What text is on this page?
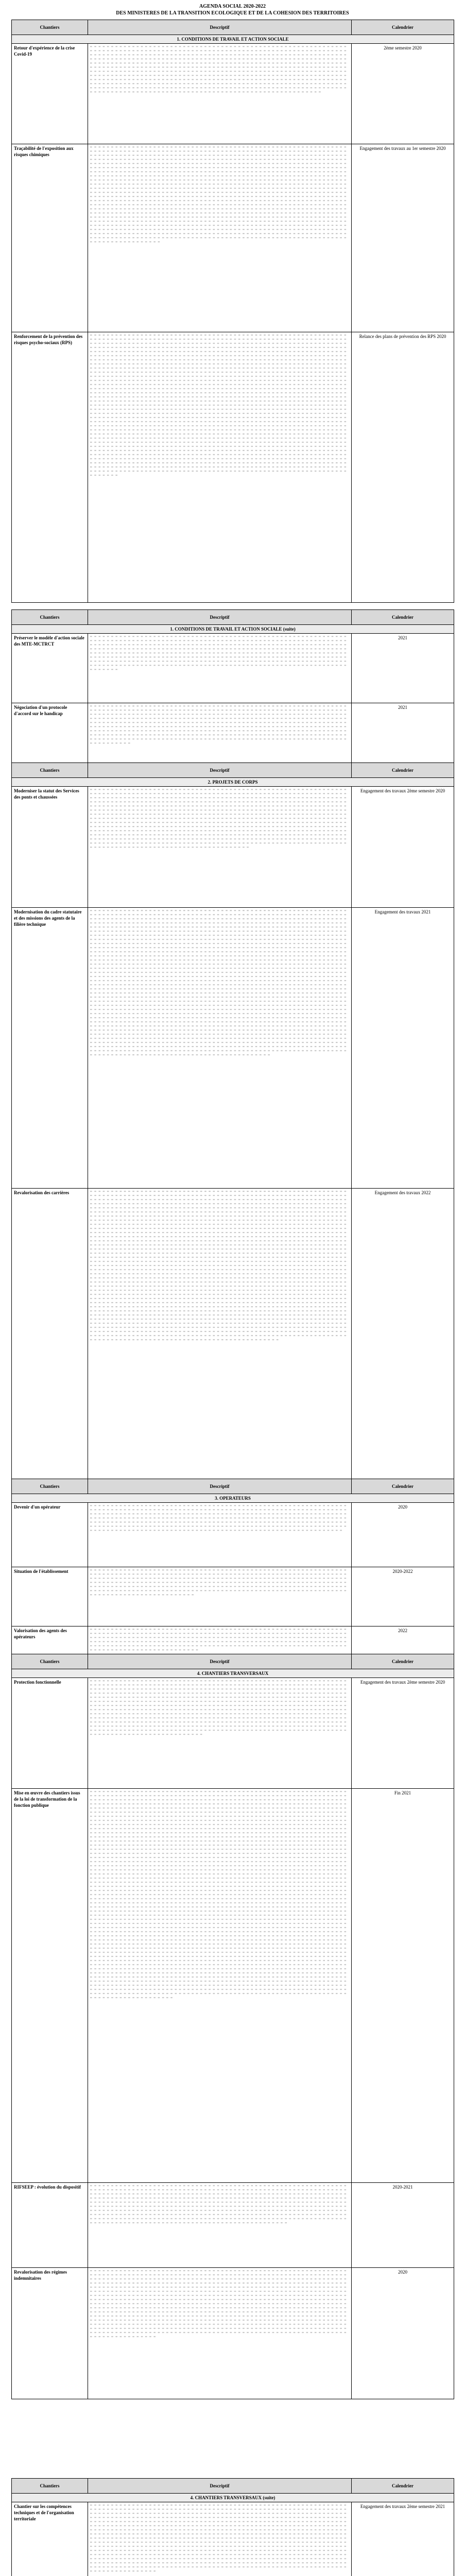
AGENDA SOCIAL 2020-2022
DES MINISTERES DE LA TRANSITION ECOLOGIQUE ET DE LA COHESION DES TERRITOIRES
Chantiers	Descriptif	Calendrier
1. CONDITIONS DE TRAVAIL ET ACTION SOCIALE		
Retour d'expérience de la crise Covid-19	▬ ▬ ▬ ▬ ▬ ▬ ▬ ▬ ▬ ▬ ▬ ▬ ▬ ▬ ▬ ▬ ▬ ▬ ▬ ▬ ▬ ▬ ▬ ▬ ▬ ▬ ▬ ▬ ▬ ▬ ▬ ▬ ▬ ▬ ▬ ▬ ▬ ▬ ▬ ▬ ▬ ▬ ▬ ▬ ▬ ▬ ▬ ▬ ▬ ▬ ▬ ▬ ▬ ▬ ▬ ▬ ▬ ▬ ▬ ▬ ▬ ▬ ▬ ▬ ▬ ▬ ▬ ▬ ▬ ▬ ▬ ▬ ▬ ▬ ▬ ▬ ▬ ▬ ▬ ▬ ▬ ▬ ▬ ▬ ▬ ▬ ▬ ▬ ▬ ▬ ▬ ▬ ▬ ▬ ▬ ▬ ▬ ▬ ▬ ▬ ▬ ▬ ▬ ▬ ▬ ▬ ▬ ▬ ▬ ▬ ▬ ▬ ▬ ▬ ▬ ▬ ▬ ▬ ▬ ▬ ▬ ▬ ▬ ▬ ▬ ▬ ▬ ▬ ▬ ▬ ▬ ▬ ▬ ▬ ▬ ▬ ▬ ▬ ▬ ▬ ▬ ▬ ▬ ▬ ▬ ▬ ▬ ▬ ▬ ▬ ▬ ▬ ▬ ▬ ▬ ▬ ▬ ▬ ▬ ▬ ▬ ▬ ▬ ▬ ▬ ▬ ▬ ▬ ▬ ▬ ▬ ▬ ▬ ▬ ▬ ▬ ▬ ▬ ▬ ▬ ▬ ▬ ▬ ▬ ▬ ▬ ▬ ▬ ▬ ▬ ▬ ▬ ▬ ▬ ▬ ▬ ▬ ▬ ▬ ▬ ▬ ▬ ▬ ▬ ▬ ▬ ▬ ▬ ▬ ▬ ▬ ▬ ▬ ▬ ▬ ▬ ▬ ▬ ▬ ▬ ▬ ▬ ▬ ▬ ▬ ▬ ▬ ▬ ▬ ▬ ▬ ▬ ▬ ▬ ▬ ▬ ▬ ▬ ▬ ▬ ▬ ▬ ▬ ▬ ▬ ▬ ▬ ▬ ▬ ▬ ▬ ▬ ▬ ▬ ▬ ▬ ▬ ▬ ▬ ▬ ▬ ▬ ▬ ▬ ▬ ▬ ▬ ▬ ▬ ▬ ▬ ▬ ▬ ▬ ▬ ▬ ▬ ▬ ▬ ▬ ▬ ▬ ▬ ▬ ▬ ▬ ▬ ▬ ▬ ▬ ▬ ▬ ▬ ▬ ▬ ▬ ▬ ▬ ▬ ▬ ▬ ▬ ▬ ▬ ▬ ▬ ▬ ▬ ▬ ▬ ▬ ▬ ▬ ▬ ▬ ▬ ▬ ▬ ▬ ▬ ▬ ▬ ▬ ▬ ▬ ▬ ▬ ▬ ▬ ▬ ▬ ▬ ▬ ▬ ▬ ▬ ▬ ▬ ▬ ▬ ▬ ▬ ▬ ▬ ▬ ▬ ▬ ▬ ▬ ▬ ▬ ▬ ▬ ▬ ▬ ▬ ▬ ▬ ▬ ▬ ▬ ▬ ▬ ▬ ▬ ▬ ▬ ▬ ▬ ▬ ▬ ▬ ▬ ▬ ▬ ▬ ▬ ▬ ▬ ▬ ▬ ▬ ▬ ▬ ▬ ▬ ▬ ▬ ▬ ▬ ▬ ▬ ▬ ▬ ▬ ▬ ▬ ▬ ▬ ▬ ▬ ▬ ▬ ▬ ▬ ▬ ▬ ▬ ▬ ▬ ▬ ▬ ▬ ▬ ▬ ▬ ▬ ▬ ▬ ▬ ▬ ▬ ▬ ▬ ▬ ▬ ▬ ▬ ▬ ▬ ▬ ▬ ▬ ▬ ▬ ▬ ▬ ▬ ▬ ▬ ▬ ▬ ▬ ▬ ▬ ▬ ▬ ▬ ▬ ▬ ▬ ▬ ▬ ▬ ▬ ▬ ▬ ▬ ▬ ▬ ▬ ▬ ▬ ▬ ▬ ▬ ▬ ▬ ▬ ▬ ▬ ▬ ▬ ▬ ▬ ▬ ▬ ▬ ▬ ▬ ▬ ▬ ▬ ▬ ▬ ▬ ▬ ▬ ▬ ▬ ▬ ▬ ▬ ▬ ▬ ▬ ▬ ▬ ▬ ▬ ▬ ▬ ▬ ▬ ▬ ▬ ▬ ▬ ▬ ▬ ▬ ▬ ▬ ▬ ▬ ▬ ▬ ▬ ▬ ▬ ▬ ▬ ▬ ▬ ▬ ▬ ▬ ▬ ▬ ▬ ▬ ▬ ▬ ▬ ▬ ▬ ▬ ▬ ▬ ▬ ▬ ▬ ▬ ▬ ▬ ▬ ▬ ▬ ▬ ▬ ▬ ▬ ▬ ▬ ▬ ▬ ▬ ▬ ▬ ▬ ▬ ▬ ▬ ▬ ▬ ▬ ▬ ▬ ▬ ▬ ▬ ▬ ▬ ▬ ▬ ▬ ▬ ▬ ▬ ▬ ▬ ▬ ▬ ▬ ▬ ▬ ▬ ▬ ▬ ▬ ▬ ▬ ▬ ▬ ▬ ▬ ▬ ▬ ▬ ▬ ▬ ▬ ▬ ▬ ▬ ▬ ▬ ▬ ▬ ▬ ▬ ▬ ▬ ▬ ▬ ▬ ▬ ▬ ▬ ▬ ▬ ▬ ▬ ▬ ▬ ▬ ▬ ▬ ▬ ▬ ▬ ▬ ▬ ▬ ▬ ▬ ▬ ▬ ▬ ▬ ▬ ▬ ▬ ▬ ▬ ▬ ▬ ▬ ▬ ▬ ▬ ▬ ▬ ▬ ▬ ▬ ▬ ▬ ▬ ▬ ▬ ▬ ▬ ▬ ▬ ▬ ▬ ▬ ▬ ▬ ▬ ▬ ▬ ▬ ▬ ▬ ▬ ▬ ▬ ▬ ▬ ▬ ▬ ▬ ▬ ▬ ▬ ▬ ▬ ▬ ▬ ▬ ▬ ▬ ▬ ▬ ▬ ▬ ▬ ▬ ▬ ▬ ▬ ▬ ▬ ▬ ▬ ▬ ▬ ▬ ▬ ▬ ▬ ▬ ▬ ▬ ▬ ▬ ▬ ▬ ▬ ▬ ▬ ▬ ▬ ▬	2ème semestre 2020
Traçabilité de l'exposition aux risques chimiques	▬ ▬ ▬ ▬ ▬ ▬ ▬ ▬ ▬ ▬ ▬ ▬ ▬ ▬ ▬ ▬ ▬ ▬ ▬ ▬ ▬ ▬ ▬ ▬ ▬ ▬ ▬ ▬ ▬ ▬ ▬ ▬ ▬ ▬ ▬ ▬ ▬ ▬ ▬ ▬ ▬ ▬ ▬ ▬ ▬ ▬ ▬ ▬ ▬ ▬ ▬ ▬ ▬ ▬ ▬ ▬ ▬ ▬ ▬ ▬ ▬ ▬ ▬ ▬ ▬ ▬ ▬ ▬ ▬ ▬ ▬ ▬ ▬ ▬ ▬ ▬ ▬ ▬ ▬ ▬ ▬ ▬ ▬ ▬ ▬ ▬ ▬ ▬ ▬ ▬ ▬ ▬ ▬ ▬ ▬ ▬ ▬ ▬ ▬ ▬ ▬ ▬ ▬ ▬ ▬ ▬ ▬ ▬ ▬ ▬ ▬ ▬ ▬ ▬ ▬ ▬ ▬ ▬ ▬ ▬ ▬ ▬ ▬ ▬ ▬ ▬ ▬ ▬ ▬ ▬ ▬ ▬ ▬ ▬ ▬ ▬ ▬ ▬ ▬ ▬ ▬ ▬ ▬ ▬ ▬ ▬ ▬ ▬ ▬ ▬ ▬ ▬ ▬ ▬ ▬ ▬ ▬ ▬ ▬ ▬ ▬ ▬ ▬ ▬ ▬ ▬ ▬ ▬ ▬ ▬ ▬ ▬ ▬ ▬ ▬ ▬ ▬ ▬ ▬ ▬ ▬ ▬ ▬ ▬ ▬ ▬ ▬ ▬ ▬ ▬ ▬ ▬ ▬ ▬ ▬ ▬ ▬ ▬ ▬ ▬ ▬ ▬ ▬ ▬ ▬ ▬ ▬ ▬ ▬ ▬ ▬ ▬ ▬ ▬ ▬ ▬ ▬ ▬ ▬ ▬ ▬ ▬ ▬ ▬ ▬ ▬ ▬ ▬ ▬ ▬ ▬ ▬ ▬ ▬ ▬ ▬ ▬ ▬ ▬ ▬ ▬ ▬ ▬ ▬ ▬ ▬ ▬ ▬ ▬ ▬ ▬ ▬ ▬ ▬ ▬ ▬ ▬ ▬ ▬ ▬ ▬ ▬ ▬ ▬ ▬ ▬ ▬ ▬ ▬ ▬ ▬ ▬ ▬ ▬ ▬ ▬ ▬ ▬ ▬ ▬ ▬ ▬ ▬ ▬ ▬ ▬ ▬ ▬ ▬ ▬ ▬ ▬ ▬ ▬ ▬ ▬ ▬ ▬ ▬ ▬ ▬ ▬ ▬ ▬ ▬ ▬ ▬ ▬ ▬ ▬ ▬ ▬ ▬ ▬ ▬ ▬ ▬ ▬ ▬ ▬ ▬ ▬ ▬ ▬ ▬ ▬ ▬ ▬ ▬ ▬ ▬ ▬ ▬ ▬ ▬ ▬ ▬ ▬ ▬ ▬ ▬ ▬ ▬ ▬ ▬ ▬ ▬ ▬ ▬ ▬ ▬ ▬ ▬ ▬ ▬ ▬ ▬ ▬ ▬ ▬ ▬ ▬ ▬ ▬ ▬ ▬ ▬ ▬ ▬ ▬ ▬ ▬ ▬ ▬ ▬ ▬ ▬ ▬ ▬ ▬ ▬ ▬ ▬ ▬ ▬ ▬ ▬ ▬ ▬ ▬ ▬ ▬ ▬ ▬ ▬ ▬ ▬ ▬ ▬ ▬ ▬ ▬ ▬ ▬ ▬ ▬ ▬ ▬ ▬ ▬ ▬ ▬ ▬ ▬ ▬ ▬ ▬ ▬ ▬ ▬ ▬ ▬ ▬ ▬ ▬ ▬ ▬ ▬ ▬ ▬ ▬ ▬ ▬ ▬ ▬ ▬ ▬ ▬ ▬ ▬ ▬ ▬ ▬ ▬ ▬ ▬ ▬ ▬ ▬ ▬ ▬ ▬ ▬ ▬ ▬ ▬ ▬ ▬ ▬ ▬ ▬ ▬ ▬ ▬ ▬ ▬ ▬ ▬ ▬ ▬ ▬ ▬ ▬ ▬ ▬ ▬ ▬ ▬ ▬ ▬ ▬ ▬ ▬ ▬ ▬ ▬ ▬ ▬ ▬ ▬ ▬ ▬ ▬ ▬ ▬ ▬ ▬ ▬ ▬ ▬ ▬ ▬ ▬ ▬ ▬ ▬ ▬ ▬ ▬ ▬ ▬ ▬ ▬ ▬ ▬ ▬ ▬ ▬ ▬ ▬ ▬ ▬ ▬ ▬ ▬ ▬ ▬ ▬ ▬ ▬ ▬ ▬ ▬ ▬ ▬ ▬ ▬ ▬ ▬ ▬ ▬ ▬ ▬ ▬ ▬ ▬ ▬ ▬ ▬ ▬ ▬ ▬ ▬ ▬ ▬ ▬ ▬ ▬ ▬ ▬ ▬ ▬ ▬ ▬ ▬ ▬ ▬ ▬ ▬ ▬ ▬ ▬ ▬ ▬ ▬ ▬ ▬ ▬ ▬ ▬ ▬ ▬ ▬ ▬ ▬ ▬ ▬ ▬ ▬ ▬ ▬ ▬ ▬ ▬ ▬ ▬ ▬ ▬ ▬ ▬ ▬ ▬ ▬ ▬ ▬ ▬ ▬ ▬ ▬ ▬ ▬ ▬ ▬ ▬ ▬ ▬ ▬ ▬ ▬ ▬ ▬ ▬ ▬ ▬ ▬ ▬ ▬ ▬ ▬ ▬ ▬ ▬ ▬ ▬ ▬ ▬ ▬ ▬ ▬ ▬ ▬ ▬ ▬ ▬ ▬ ▬ ▬ ▬ ▬ ▬ ▬ ▬ ▬ ▬ ▬ ▬ ▬ ▬ ▬ ▬ ▬ ▬ ▬ ▬ ▬ ▬ ▬ ▬ ▬ ▬ ▬ ▬ ▬ ▬ ▬ ▬ ▬ ▬ ▬ ▬ ▬ ▬ ▬ ▬ ▬ ▬ ▬ ▬ ▬ ▬ ▬ ▬ ▬ ▬ ▬ ▬ ▬ ▬ ▬ ▬ ▬ ▬ ▬ ▬ ▬ ▬ ▬ ▬ ▬ ▬ ▬ ▬ ▬ ▬ ▬ ▬ ▬ ▬ ▬ ▬ ▬ ▬ ▬ ▬ ▬ ▬ ▬ ▬ ▬ ▬ ▬ ▬ ▬ ▬ ▬ ▬ ▬ ▬ ▬ ▬ ▬ ▬ ▬ ▬ ▬ ▬ ▬ ▬ ▬ ▬ ▬ ▬ ▬ ▬ ▬ ▬ ▬ ▬ ▬ ▬ ▬ ▬ ▬ ▬ ▬ ▬ ▬ ▬ ▬ ▬ ▬ ▬ ▬ ▬ ▬ ▬ ▬ ▬ ▬ ▬ ▬ ▬ ▬ ▬ ▬ ▬ ▬ ▬ ▬ ▬ ▬ ▬ ▬ ▬ ▬ ▬ ▬ ▬ ▬ ▬ ▬ ▬ ▬ ▬ ▬ ▬ ▬ ▬ ▬ ▬ ▬ ▬ ▬ ▬ ▬ ▬ ▬ ▬ ▬ ▬ ▬ ▬ ▬ ▬ ▬ ▬ ▬ ▬ ▬ ▬ ▬ ▬ ▬ ▬ ▬ ▬ ▬ ▬ ▬ ▬ ▬ ▬ ▬ ▬ ▬ ▬ ▬ ▬ ▬ ▬ ▬ ▬ ▬ ▬ ▬ ▬ ▬ ▬ ▬ ▬ ▬ ▬ ▬ ▬ ▬ ▬ ▬ ▬ ▬ ▬ ▬ ▬ ▬ ▬ ▬ ▬ ▬ ▬ ▬ ▬ ▬ ▬ ▬ ▬ ▬ ▬ ▬ ▬ ▬ ▬ ▬ ▬ ▬ ▬ ▬ ▬ ▬ ▬ ▬ ▬ ▬ ▬ ▬ ▬ ▬ ▬ ▬ ▬ ▬ ▬ ▬ ▬ ▬ ▬ ▬ ▬ ▬ ▬ ▬ ▬ ▬ ▬ ▬ ▬ ▬ ▬ ▬ ▬ ▬ ▬ ▬ ▬ ▬ ▬ ▬ ▬ ▬ ▬ ▬ ▬ ▬ ▬ ▬ ▬ ▬ ▬ ▬ ▬ ▬ ▬ ▬ ▬ ▬ ▬ ▬ ▬ ▬ ▬ ▬ ▬ ▬ ▬ ▬ ▬ ▬ ▬ ▬ ▬ ▬ ▬ ▬ ▬ ▬ ▬ ▬ ▬ ▬ ▬ ▬ ▬ ▬ ▬ ▬ ▬ ▬ ▬ ▬ ▬ ▬ ▬ ▬ ▬ ▬ ▬ ▬ ▬ ▬ ▬ ▬ ▬ ▬ ▬ ▬ ▬ ▬ ▬ ▬ ▬ ▬ ▬ ▬ ▬ ▬ ▬ ▬ ▬ ▬ ▬ ▬ ▬ ▬ ▬ ▬ ▬ ▬ ▬ ▬ ▬ ▬ ▬ ▬ ▬ ▬ ▬ ▬ ▬ ▬ ▬ ▬ ▬ ▬ ▬ ▬ ▬ ▬ ▬ ▬ ▬ ▬ ▬ ▬ ▬ ▬ ▬ ▬ ▬ ▬ ▬ ▬ ▬ ▬ ▬ ▬ ▬ ▬ ▬ ▬ ▬ ▬ ▬ ▬ ▬ ▬ ▬ ▬ ▬ ▬ ▬ ▬ ▬ ▬ ▬ ▬ ▬ ▬ ▬ ▬ ▬ ▬ ▬ ▬ ▬ ▬ ▬ ▬ ▬ ▬ ▬ ▬ ▬ ▬ ▬ ▬ ▬ ▬ ▬ ▬ ▬ ▬ ▬ ▬ ▬ ▬ ▬ ▬ ▬ ▬ ▬ ▬ ▬ ▬ ▬ ▬ ▬ ▬ ▬ ▬ ▬ ▬ ▬ ▬ ▬ ▬ ▬ ▬ ▬ ▬ ▬ ▬ ▬ ▬ ▬ ▬ ▬ ▬ ▬ ▬ ▬ ▬ ▬ ▬ ▬ ▬ ▬ ▬ ▬ ▬ ▬ ▬ ▬ ▬ ▬ ▬ ▬ ▬ ▬ ▬ ▬ ▬ ▬ ▬ ▬ ▬ ▬ ▬ ▬ ▬ ▬ ▬ ▬ ▬ ▬ ▬ ▬ ▬ ▬ ▬ ▬ ▬ ▬ ▬ ▬ ▬ ▬ ▬ ▬ ▬ ▬ ▬ ▬ ▬ ▬ ▬ ▬ ▬ ▬ ▬ ▬ ▬ ▬ ▬ ▬ ▬ ▬ ▬ ▬ ▬ ▬ ▬ ▬ ▬ ▬ ▬ ▬ ▬ ▬ ▬ ▬ ▬ ▬ ▬ ▬ ▬ ▬ ▬ ▬ ▬ ▬ ▬ ▬ ▬ ▬ ▬ ▬ ▬ ▬ ▬ ▬ ▬ ▬ ▬ ▬ ▬ ▬ ▬ ▬ ▬ ▬ ▬ ▬ ▬ ▬ ▬ ▬ ▬ ▬ ▬ ▬ ▬ ▬ ▬ ▬ ▬ ▬ ▬ ▬ ▬ ▬ ▬ ▬ ▬ ▬ ▬ ▬ ▬ ▬ ▬ ▬ ▬ ▬ ▬ ▬ ▬ ▬ ▬ ▬ ▬ ▬ ▬ ▬ ▬ ▬ ▬ ▬ ▬ ▬ ▬ ▬ ▬ ▬ ▬ ▬ ▬ ▬ ▬ ▬ ▬ ▬ ▬ ▬ ▬ ▬ ▬ ▬ ▬ ▬ ▬ ▬ ▬ ▬ ▬ ▬ ▬ ▬ ▬ ▬ ▬ ▬ ▬ ▬ ▬ ▬ ▬ ▬ ▬ ▬ ▬ ▬ ▬ ▬ ▬ ▬ ▬ ▬ ▬ ▬ ▬ ▬ ▬ ▬ ▬ ▬ ▬ ▬ ▬ ▬ ▬ ▬ ▬ ▬ ▬ ▬ ▬ ▬ ▬ ▬ ▬ ▬ ▬ ▬ ▬ ▬ ▬ ▬ ▬ ▬ ▬ ▬ ▬ ▬ ▬ ▬ ▬ ▬ ▬ ▬ ▬ ▬ ▬ ▬ ▬ ▬ ▬ ▬ ▬ ▬ ▬ ▬ ▬ ▬ ▬ ▬ ▬ ▬ ▬ ▬ ▬ ▬ ▬ ▬	Engagement des travaux au 1er semestre 2020
Renforcement de la prévention des risques psycho-sociaux (RPS)	▬ ▬ ▬ ▬ ▬ ▬ ▬ ▬ ▬ ▬ ▬ ▬ ▬ ▬ ▬ ▬ ▬ ▬ ▬ ▬ ▬ ▬ ▬ ▬ ▬ ▬ ▬ ▬ ▬ ▬ ▬ ▬ ▬ ▬ ▬ ▬ ▬ ▬ ▬ ▬ ▬ ▬ ▬ ▬ ▬ ▬ ▬ ▬ ▬ ▬ ▬ ▬ ▬ ▬ ▬ ▬ ▬ ▬ ▬ ▬ ▬ ▬ ▬ ▬ ▬ ▬ ▬ ▬ ▬ ▬ ▬ ▬ ▬ ▬ ▬ ▬ ▬ ▬ ▬ ▬ ▬ ▬ ▬ ▬ ▬ ▬ ▬ ▬ ▬ ▬ ▬ ▬ ▬ ▬ ▬ ▬ ▬ ▬ ▬ ▬ ▬ ▬ ▬ ▬ ▬ ▬ ▬ ▬ ▬ ▬ ▬ ▬ ▬ ▬ ▬ ▬ ▬ ▬ ▬ ▬ ▬ ▬ ▬ ▬ ▬ ▬ ▬ ▬ ▬ ▬ ▬ ▬ ▬ ▬ ▬ ▬ ▬ ▬ ▬ ▬ ▬ ▬ ▬ ▬ ▬ ▬ ▬ ▬ ▬ ▬ ▬ ▬ ▬ ▬ ▬ ▬ ▬ ▬ ▬ ▬ ▬ ▬ ▬ ▬ ▬ ▬ ▬ ▬ ▬ ▬ ▬ ▬ ▬ ▬ ▬ ▬ ▬ ▬ ▬ ▬ ▬ ▬ ▬ ▬ ▬ ▬ ▬ ▬ ▬ ▬ ▬ ▬ ▬ ▬ ▬ ▬ ▬ ▬ ▬ ▬ ▬ ▬ ▬ ▬ ▬ ▬ ▬ ▬ ▬ ▬ ▬ ▬ ▬ ▬ ▬ ▬ ▬ ▬ ▬ ▬ ▬ ▬ ▬ ▬ ▬ ▬ ▬ ▬ ▬ ▬ ▬ ▬ ▬ ▬ ▬ ▬ ▬ ▬ ▬ ▬ ▬ ▬ ▬ ▬ ▬ ▬ ▬ ▬ ▬ ▬ ▬ ▬ ▬ ▬ ▬ ▬ ▬ ▬ ▬ ▬ ▬ ▬ ▬ ▬ ▬ ▬ ▬ ▬ ▬ ▬ ▬ ▬ ▬ ▬ ▬ ▬ ▬ ▬ ▬ ▬ ▬ ▬ ▬ ▬ ▬ ▬ ▬ ▬ ▬ ▬ ▬ ▬ ▬ ▬ ▬ ▬ ▬ ▬ ▬ ▬ ▬ ▬ ▬ ▬ ▬ ▬ ▬ ▬ ▬ ▬ ▬ ▬ ▬ ▬ ▬ ▬ ▬ ▬ ▬ ▬ ▬ ▬ ▬ ▬ ▬ ▬ ▬ ▬ ▬ ▬ ▬ ▬ ▬ ▬ ▬ ▬ ▬ ▬ ▬ ▬ ▬ ▬ ▬ ▬ ▬ ▬ ▬ ▬ ▬ ▬ ▬ ▬ ▬ ▬ ▬ ▬ ▬ ▬ ▬ ▬ ▬ ▬ ▬ ▬ ▬ ▬ ▬ ▬ ▬ ▬ ▬ ▬ ▬ ▬ ▬ ▬ ▬ ▬ ▬ ▬ ▬ ▬ ▬ ▬ ▬ ▬ ▬ ▬ ▬ ▬ ▬ ▬ ▬ ▬ ▬ ▬ ▬ ▬ ▬ ▬ ▬ ▬ ▬ ▬ ▬ ▬ ▬ ▬ ▬ ▬ ▬ ▬ ▬ ▬ ▬ ▬ ▬ ▬ ▬ ▬ ▬ ▬ ▬ ▬ ▬ ▬ ▬ ▬ ▬ ▬ ▬ ▬ ▬ ▬ ▬ ▬ ▬ ▬ ▬ ▬ ▬ ▬ ▬ ▬ ▬ ▬ ▬ ▬ ▬ ▬ ▬ ▬ ▬ ▬ ▬ ▬ ▬ ▬ ▬ ▬ ▬ ▬ ▬ ▬ ▬ ▬ ▬ ▬ ▬ ▬ ▬ ▬ ▬ ▬ ▬ ▬ ▬ ▬ ▬ ▬ ▬ ▬ ▬ ▬ ▬ ▬ ▬ ▬ ▬ ▬ ▬ ▬ ▬ ▬ ▬ ▬ ▬ ▬ ▬ ▬ ▬ ▬ ▬ ▬ ▬ ▬ ▬ ▬ ▬ ▬ ▬ ▬ ▬ ▬ ▬ ▬ ▬ ▬ ▬ ▬ ▬ ▬ ▬ ▬ ▬ ▬ ▬ ▬ ▬ ▬ ▬ ▬ ▬ ▬ ▬ ▬ ▬ ▬ ▬ ▬ ▬ ▬ ▬ ▬ ▬ ▬ ▬ ▬ ▬ ▬ ▬ ▬ ▬ ▬ ▬ ▬ ▬ ▬ ▬ ▬ ▬ ▬ ▬ ▬ ▬ ▬ ▬ ▬ ▬ ▬ ▬ ▬ ▬ ▬ ▬ ▬ ▬ ▬ ▬ ▬ ▬ ▬ ▬ ▬ ▬ ▬ ▬ ▬ ▬ ▬ ▬ ▬ ▬ ▬ ▬ ▬ ▬ ▬ ▬ ▬ ▬ ▬ ▬ ▬ ▬ ▬ ▬ ▬ ▬ ▬ ▬ ▬ ▬ ▬ ▬ ▬ ▬ ▬ ▬ ▬ ▬ ▬ ▬ ▬ ▬ ▬ ▬ ▬ ▬ ▬ ▬ ▬ ▬ ▬ ▬ ▬ ▬ ▬ ▬ ▬ ▬ ▬ ▬ ▬ ▬ ▬ ▬ ▬ ▬ ▬ ▬ ▬ ▬ ▬ ▬ ▬ ▬ ▬ ▬ ▬ ▬ ▬ ▬ ▬ ▬ ▬ ▬ ▬ ▬ ▬ ▬ ▬ ▬ ▬ ▬ ▬ ▬ ▬ ▬ ▬ ▬ ▬ ▬ ▬ ▬ ▬ ▬ ▬ ▬ ▬ ▬ ▬ ▬ ▬ ▬ ▬ ▬ ▬ ▬ ▬ ▬ ▬ ▬ ▬ ▬ ▬ ▬ ▬ ▬ ▬ ▬ ▬ ▬ ▬ ▬ ▬ ▬ ▬ ▬ ▬ ▬ ▬ ▬ ▬ ▬ ▬ ▬ ▬ ▬ ▬ ▬ ▬ ▬ ▬ ▬ ▬ ▬ ▬ ▬ ▬ ▬ ▬ ▬ ▬ ▬ ▬ ▬ ▬ ▬ ▬ ▬ ▬ ▬ ▬ ▬ ▬ ▬ ▬ ▬ ▬ ▬ ▬ ▬ ▬ ▬ ▬ ▬ ▬ ▬ ▬ ▬ ▬ ▬ ▬ ▬ ▬ ▬ ▬ ▬ ▬ ▬ ▬ ▬ ▬ ▬ ▬ ▬ ▬ ▬ ▬ ▬ ▬ ▬ ▬ ▬ ▬ ▬ ▬ ▬ ▬ ▬ ▬ ▬ ▬ ▬ ▬ ▬ ▬ ▬ ▬ ▬ ▬ ▬ ▬ ▬ ▬ ▬ ▬ ▬ ▬ ▬ ▬ ▬ ▬ ▬ ▬ ▬ ▬ ▬ ▬ ▬ ▬ ▬ ▬ ▬ ▬ ▬ ▬ ▬ ▬ ▬ ▬ ▬ ▬ ▬ ▬ ▬ ▬ ▬ ▬ ▬ ▬ ▬ ▬ ▬ ▬ ▬ ▬ ▬ ▬ ▬ ▬ ▬ ▬ ▬ ▬ ▬ ▬ ▬ ▬ ▬ ▬ ▬ ▬ ▬ ▬ ▬ ▬ ▬ ▬ ▬ ▬ ▬ ▬ ▬ ▬ ▬ ▬ ▬ ▬ ▬ ▬ ▬ ▬ ▬ ▬ ▬ ▬ ▬ ▬ ▬ ▬ ▬ ▬ ▬ ▬ ▬ ▬ ▬ ▬ ▬ ▬ ▬ ▬ ▬ ▬ ▬ ▬ ▬ ▬ ▬ ▬ ▬ ▬ ▬ ▬ ▬ ▬ ▬ ▬ ▬ ▬ ▬ ▬ ▬ ▬ ▬ ▬ ▬ ▬ ▬ ▬ ▬ ▬ ▬ ▬ ▬ ▬ ▬ ▬ ▬ ▬ ▬ ▬ ▬ ▬ ▬ ▬ ▬ ▬ ▬ ▬ ▬ ▬ ▬ ▬ ▬ ▬ ▬ ▬ ▬ ▬ ▬ ▬ ▬ ▬ ▬ ▬ ▬ ▬ ▬ ▬ ▬ ▬ ▬ ▬ ▬ ▬ ▬ ▬ ▬ ▬ ▬ ▬ ▬ ▬ ▬ ▬ ▬ ▬ ▬ ▬ ▬ ▬ ▬ ▬ ▬ ▬ ▬ ▬ ▬ ▬ ▬ ▬ ▬ ▬ ▬ ▬ ▬ ▬ ▬ ▬ ▬ ▬ ▬ ▬ ▬ ▬ ▬ ▬ ▬ ▬ ▬ ▬ ▬ ▬ ▬ ▬ ▬ ▬ ▬ ▬ ▬ ▬ ▬ ▬ ▬ ▬ ▬ ▬ ▬ ▬ ▬ ▬ ▬ ▬ ▬ ▬ ▬ ▬ ▬ ▬ ▬ ▬ ▬ ▬ ▬ ▬ ▬ ▬ ▬ ▬ ▬ ▬ ▬ ▬ ▬ ▬ ▬ ▬ ▬ ▬ ▬ ▬ ▬ ▬ ▬ ▬ ▬ ▬ ▬ ▬ ▬ ▬ ▬ ▬ ▬ ▬ ▬ ▬ ▬ ▬ ▬ ▬ ▬ ▬ ▬ ▬ ▬ ▬ ▬ ▬ ▬ ▬ ▬ ▬ ▬ ▬ ▬ ▬ ▬ ▬ ▬ ▬ ▬ ▬ ▬ ▬ ▬ ▬ ▬ ▬ ▬ ▬ ▬ ▬ ▬ ▬ ▬ ▬ ▬ ▬ ▬ ▬ ▬ ▬ ▬ ▬ ▬ ▬ ▬ ▬ ▬ ▬ ▬ ▬ ▬ ▬ ▬ ▬ ▬ ▬ ▬ ▬ ▬ ▬ ▬ ▬ ▬ ▬ ▬ ▬ ▬ ▬ ▬ ▬ ▬ ▬ ▬ ▬ ▬ ▬ ▬ ▬ ▬ ▬ ▬ ▬ ▬ ▬ ▬ ▬ ▬ ▬ ▬ ▬ ▬ ▬ ▬ ▬ ▬ ▬ ▬ ▬ ▬ ▬ ▬ ▬ ▬ ▬ ▬ ▬ ▬ ▬ ▬ ▬ ▬ ▬ ▬ ▬ ▬ ▬ ▬ ▬ ▬ ▬ ▬ ▬ ▬ ▬ ▬ ▬ ▬ ▬ ▬ ▬ ▬ ▬ ▬ ▬ ▬ ▬ ▬ ▬ ▬ ▬ ▬ ▬ ▬ ▬ ▬ ▬ ▬ ▬ ▬ ▬ ▬ ▬ ▬ ▬ ▬ ▬ ▬ ▬ ▬ ▬ ▬ ▬ ▬ ▬ ▬ ▬ ▬ ▬ ▬ ▬ ▬ ▬ ▬ ▬ ▬ ▬ ▬ ▬ ▬ ▬ ▬ ▬ ▬ ▬ ▬ ▬ ▬ ▬ ▬ ▬ ▬ ▬ ▬ ▬ ▬ ▬ ▬ ▬ ▬ ▬ ▬ ▬ ▬ ▬ ▬ ▬ ▬ ▬ ▬ ▬ ▬ ▬ ▬ ▬ ▬ ▬ ▬ ▬ ▬ ▬ ▬ ▬ ▬ ▬ ▬ ▬ ▬ ▬ ▬ ▬ ▬ ▬ ▬ ▬ ▬ ▬ ▬ ▬ ▬ ▬ ▬ ▬ ▬ ▬ ▬ ▬ ▬ ▬ ▬ ▬ ▬ ▬ ▬ ▬ ▬ ▬ ▬ ▬ ▬ ▬ ▬ ▬ ▬ ▬ ▬ ▬ ▬ ▬ ▬ ▬ ▬ ▬ ▬ ▬ ▬ ▬ ▬ ▬ ▬ ▬ ▬ ▬ ▬ ▬ ▬ ▬ ▬ ▬ ▬ ▬ ▬ ▬ ▬ ▬ ▬ ▬ ▬ ▬ ▬ ▬ ▬ ▬ ▬ ▬ ▬ ▬ ▬ ▬ ▬ ▬ ▬ ▬ ▬ ▬ ▬ ▬ ▬ ▬ ▬ ▬ ▬ ▬ ▬ ▬ ▬ ▬ ▬ ▬ ▬ ▬ ▬ ▬ ▬ ▬ ▬ ▬ ▬ ▬ ▬ ▬ ▬ ▬ ▬ ▬ ▬ ▬ ▬ ▬ ▬ ▬ ▬ ▬ ▬ ▬ ▬ ▬ ▬ ▬ ▬ ▬ ▬ ▬ ▬ ▬ ▬ ▬ ▬ ▬ ▬ ▬ ▬ ▬ ▬ ▬ ▬ ▬ ▬ ▬ ▬ ▬ ▬ ▬ ▬ ▬ ▬ ▬ ▬ ▬ ▬ ▬ ▬ ▬ ▬ ▬ ▬ ▬ ▬ ▬ ▬ ▬ ▬ ▬ ▬ ▬ ▬ ▬ ▬ ▬ ▬ ▬ ▬ ▬ ▬ ▬ ▬ ▬ ▬ ▬ ▬ ▬ ▬ ▬ ▬ ▬ ▬ ▬ ▬ ▬ ▬ ▬ ▬ ▬ ▬ ▬ ▬ ▬ ▬ ▬ ▬ ▬ ▬ ▬ ▬ ▬ ▬ ▬ ▬ ▬ ▬ ▬ ▬ ▬ ▬ ▬ ▬ ▬ ▬ ▬ ▬ ▬ ▬ ▬ ▬ ▬ ▬ ▬ ▬ ▬ ▬ ▬ ▬ ▬ ▬ ▬ ▬ ▬ ▬ ▬ ▬ ▬ ▬ ▬ ▬ ▬ ▬ ▬ ▬ ▬ ▬ ▬ ▬ ▬ ▬ ▬ ▬ ▬ ▬ ▬ ▬ ▬ ▬ ▬ ▬ ▬ ▬ ▬ ▬ ▬ ▬ ▬ ▬ ▬ ▬ ▬ ▬ ▬ ▬ ▬ ▬ ▬ ▬ ▬ ▬ ▬ ▬ ▬ ▬ ▬ ▬ ▬ ▬ ▬ ▬ ▬ ▬ ▬ ▬ ▬ ▬ ▬ ▬ ▬ ▬ ▬ ▬ ▬ ▬ ▬ ▬ ▬ ▬ ▬ ▬ ▬ ▬ ▬ ▬ ▬ ▬ ▬ ▬ ▬ ▬ ▬ ▬ ▬ ▬ ▬ ▬ ▬ ▬ ▬ ▬ ▬ ▬ ▬ ▬ ▬ ▬ ▬ ▬ ▬ ▬ ▬ ▬ ▬ ▬ ▬ ▬ ▬ ▬ ▬ ▬ ▬ ▬ ▬ ▬ ▬ ▬ ▬ ▬ ▬ ▬ ▬ ▬ ▬ ▬ ▬ ▬ ▬ ▬ ▬ ▬ ▬ ▬ ▬ ▬ ▬ ▬ ▬ ▬ ▬ ▬ ▬ ▬ ▬ ▬ ▬ ▬ ▬ ▬ ▬ ▬ ▬ ▬ ▬ ▬ ▬ ▬ ▬ ▬ ▬ ▬ ▬ ▬ ▬ ▬ ▬ ▬ ▬ ▬ ▬ ▬ ▬ ▬ ▬ ▬ ▬ ▬ ▬ ▬ ▬ ▬ ▬ ▬ ▬ ▬ ▬ ▬ ▬ ▬ ▬ ▬ ▬ ▬ ▬ ▬ ▬ ▬ ▬ ▬ ▬ ▬ ▬ ▬ ▬ ▬ ▬ ▬ ▬ ▬ ▬ ▬ ▬ ▬ ▬ ▬ ▬ ▬ ▬ ▬ ▬ ▬ ▬ ▬ ▬ ▬ ▬ ▬ ▬ ▬ ▬ ▬ ▬ ▬ ▬ ▬ ▬ ▬ ▬ ▬ ▬ ▬ ▬ ▬ ▬ ▬ ▬ ▬ ▬ ▬ ▬ ▬ ▬ ▬ ▬ ▬ ▬ ▬ ▬ ▬ ▬ ▬ ▬ ▬ ▬ ▬ ▬ ▬ ▬ ▬ ▬ ▬ ▬ ▬ ▬ ▬ ▬ ▬ ▬ ▬ ▬ ▬ ▬ ▬ ▬ ▬ ▬ ▬ ▬ ▬ ▬ ▬ ▬ ▬ ▬ ▬ ▬ ▬ ▬ ▬ ▬ ▬ ▬ ▬ ▬ ▬ ▬ ▬ ▬ ▬ ▬ ▬ ▬ ▬ ▬ ▬ ▬ ▬ ▬ ▬ ▬ ▬ ▬ ▬ ▬ ▬ ▬ ▬ ▬ ▬ ▬ ▬ ▬ ▬ ▬ ▬ ▬ ▬ ▬ ▬ ▬ ▬ ▬ ▬ ▬ ▬ ▬ ▬ ▬ ▬ ▬ ▬ ▬ ▬ ▬ ▬ ▬ ▬ ▬ ▬ ▬ ▬ ▬ ▬ ▬ ▬ ▬ ▬ ▬ ▬ ▬ ▬ ▬ ▬ ▬ ▬ ▬ ▬ ▬ ▬ ▬ ▬ ▬ ▬ ▬ ▬ ▬ ▬ ▬ ▬ ▬ ▬ ▬ ▬ ▬ ▬ ▬ ▬ ▬ ▬ ▬ ▬ ▬ ▬ ▬ ▬ ▬ ▬ ▬ ▬ ▬ ▬ ▬ ▬ ▬ ▬ ▬ ▬ ▬ ▬ ▬ ▬ ▬ ▬ ▬ ▬ ▬ ▬ ▬ ▬ ▬ ▬ ▬ ▬ ▬ ▬ ▬ ▬ ▬ ▬ ▬ ▬ ▬ ▬ ▬ ▬ ▬ ▬ ▬ ▬ ▬ ▬ ▬ ▬ ▬ ▬ ▬ ▬ ▬ ▬ ▬ ▬ ▬ ▬ ▬ ▬ ▬ ▬ ▬ ▬ ▬ ▬ ▬ ▬ ▬ ▬ ▬ ▬ ▬ ▬ ▬ ▬ ▬ ▬ ▬ ▬ ▬ ▬ ▬ ▬ ▬ ▬ ▬ ▬	Relance des plans de prévention des RPS 2020
Chantiers	Descriptif	Calendrier
1. CONDITIONS DE TRAVAIL ET ACTION SOCIALE (suite)		
Préserver le modèle d'action sociale des MTE-MCTRCT	▬ ▬ ▬ ▬ ▬ ▬ ▬ ▬ ▬ ▬ ▬ ▬ ▬ ▬ ▬ ▬ ▬ ▬ ▬ ▬ ▬ ▬ ▬ ▬ ▬ ▬ ▬ ▬ ▬ ▬ ▬ ▬ ▬ ▬ ▬ ▬ ▬ ▬ ▬ ▬ ▬ ▬ ▬ ▬ ▬ ▬ ▬ ▬ ▬ ▬ ▬ ▬ ▬ ▬ ▬ ▬ ▬ ▬ ▬ ▬ ▬ ▬ ▬ ▬ ▬ ▬ ▬ ▬ ▬ ▬ ▬ ▬ ▬ ▬ ▬ ▬ ▬ ▬ ▬ ▬ ▬ ▬ ▬ ▬ ▬ ▬ ▬ ▬ ▬ ▬ ▬ ▬ ▬ ▬ ▬ ▬ ▬ ▬ ▬ ▬ ▬ ▬ ▬ ▬ ▬ ▬ ▬ ▬ ▬ ▬ ▬ ▬ ▬ ▬ ▬ ▬ ▬ ▬ ▬ ▬ ▬ ▬ ▬ ▬ ▬ ▬ ▬ ▬ ▬ ▬ ▬ ▬ ▬ ▬ ▬ ▬ ▬ ▬ ▬ ▬ ▬ ▬ ▬ ▬ ▬ ▬ ▬ ▬ ▬ ▬ ▬ ▬ ▬ ▬ ▬ ▬ ▬ ▬ ▬ ▬ ▬ ▬ ▬ ▬ ▬ ▬ ▬ ▬ ▬ ▬ ▬ ▬ ▬ ▬ ▬ ▬ ▬ ▬ ▬ ▬ ▬ ▬ ▬ ▬ ▬ ▬ ▬ ▬ ▬ ▬ ▬ ▬ ▬ ▬ ▬ ▬ ▬ ▬ ▬ ▬ ▬ ▬ ▬ ▬ ▬ ▬ ▬ ▬ ▬ ▬ ▬ ▬ ▬ ▬ ▬ ▬ ▬ ▬ ▬ ▬ ▬ ▬ ▬ ▬ ▬ ▬ ▬ ▬ ▬ ▬ ▬ ▬ ▬ ▬ ▬ ▬ ▬ ▬ ▬ ▬ ▬ ▬ ▬ ▬ ▬ ▬ ▬ ▬ ▬ ▬ ▬ ▬ ▬ ▬ ▬ ▬ ▬ ▬ ▬ ▬ ▬ ▬ ▬ ▬ ▬ ▬ ▬ ▬ ▬ ▬ ▬ ▬ ▬ ▬ ▬ ▬ ▬ ▬ ▬ ▬ ▬ ▬ ▬ ▬ ▬ ▬ ▬ ▬ ▬ ▬ ▬ ▬ ▬ ▬ ▬ ▬ ▬ ▬ ▬ ▬ ▬ ▬ ▬ ▬ ▬ ▬ ▬ ▬ ▬ ▬ ▬ ▬ ▬ ▬ ▬ ▬ ▬ ▬ ▬ ▬ ▬ ▬ ▬ ▬ ▬ ▬ ▬ ▬ ▬ ▬ ▬ ▬ ▬ ▬ ▬ ▬ ▬ ▬ ▬ ▬ ▬ ▬ ▬ ▬ ▬ ▬ ▬ ▬ ▬ ▬ ▬ ▬ ▬ ▬ ▬ ▬ ▬ ▬ ▬ ▬ ▬ ▬ ▬ ▬ ▬ ▬ ▬ ▬ ▬ ▬ ▬ ▬ ▬ ▬ ▬ ▬ ▬ ▬ ▬ ▬ ▬ ▬ ▬ ▬ ▬ ▬ ▬ ▬ ▬ ▬ ▬ ▬ ▬ ▬ ▬ ▬ ▬ ▬ ▬ ▬ ▬ ▬ ▬ ▬ ▬ ▬ ▬ ▬ ▬ ▬ ▬ ▬ ▬ ▬ ▬ ▬ ▬ ▬ ▬ ▬ ▬ ▬ ▬ ▬ ▬ ▬ ▬ ▬ ▬ ▬ ▬ ▬ ▬ ▬ ▬ ▬ ▬ ▬ ▬ ▬ ▬ ▬ ▬ ▬ ▬ ▬ ▬ ▬ ▬ ▬ ▬ ▬ ▬ ▬ ▬ ▬ ▬ ▬ ▬ ▬ ▬ ▬ ▬ ▬ ▬ ▬ ▬ ▬ ▬ ▬ ▬ ▬ ▬ ▬ ▬ ▬ ▬ ▬ ▬ ▬ ▬ ▬ ▬ ▬ ▬ ▬ ▬ ▬ ▬ ▬ ▬ ▬ ▬ ▬ ▬	2021
Négociation d'un protocole d'accord sur le handicap	▬ ▬ ▬ ▬ ▬ ▬ ▬ ▬ ▬ ▬ ▬ ▬ ▬ ▬ ▬ ▬ ▬ ▬ ▬ ▬ ▬ ▬ ▬ ▬ ▬ ▬ ▬ ▬ ▬ ▬ ▬ ▬ ▬ ▬ ▬ ▬ ▬ ▬ ▬ ▬ ▬ ▬ ▬ ▬ ▬ ▬ ▬ ▬ ▬ ▬ ▬ ▬ ▬ ▬ ▬ ▬ ▬ ▬ ▬ ▬ ▬ ▬ ▬ ▬ ▬ ▬ ▬ ▬ ▬ ▬ ▬ ▬ ▬ ▬ ▬ ▬ ▬ ▬ ▬ ▬ ▬ ▬ ▬ ▬ ▬ ▬ ▬ ▬ ▬ ▬ ▬ ▬ ▬ ▬ ▬ ▬ ▬ ▬ ▬ ▬ ▬ ▬ ▬ ▬ ▬ ▬ ▬ ▬ ▬ ▬ ▬ ▬ ▬ ▬ ▬ ▬ ▬ ▬ ▬ ▬ ▬ ▬ ▬ ▬ ▬ ▬ ▬ ▬ ▬ ▬ ▬ ▬ ▬ ▬ ▬ ▬ ▬ ▬ ▬ ▬ ▬ ▬ ▬ ▬ ▬ ▬ ▬ ▬ ▬ ▬ ▬ ▬ ▬ ▬ ▬ ▬ ▬ ▬ ▬ ▬ ▬ ▬ ▬ ▬ ▬ ▬ ▬ ▬ ▬ ▬ ▬ ▬ ▬ ▬ ▬ ▬ ▬ ▬ ▬ ▬ ▬ ▬ ▬ ▬ ▬ ▬ ▬ ▬ ▬ ▬ ▬ ▬ ▬ ▬ ▬ ▬ ▬ ▬ ▬ ▬ ▬ ▬ ▬ ▬ ▬ ▬ ▬ ▬ ▬ ▬ ▬ ▬ ▬ ▬ ▬ ▬ ▬ ▬ ▬ ▬ ▬ ▬ ▬ ▬ ▬ ▬ ▬ ▬ ▬ ▬ ▬ ▬ ▬ ▬ ▬ ▬ ▬ ▬ ▬ ▬ ▬ ▬ ▬ ▬ ▬ ▬ ▬ ▬ ▬ ▬ ▬ ▬ ▬ ▬ ▬ ▬ ▬ ▬ ▬ ▬ ▬ ▬ ▬ ▬ ▬ ▬ ▬ ▬ ▬ ▬ ▬ ▬ ▬ ▬ ▬ ▬ ▬ ▬ ▬ ▬ ▬ ▬ ▬ ▬ ▬ ▬ ▬ ▬ ▬ ▬ ▬ ▬ ▬ ▬ ▬ ▬ ▬ ▬ ▬ ▬ ▬ ▬ ▬ ▬ ▬ ▬ ▬ ▬ ▬ ▬ ▬ ▬ ▬ ▬ ▬ ▬ ▬ ▬ ▬ ▬ ▬ ▬ ▬ ▬ ▬ ▬ ▬ ▬ ▬ ▬ ▬ ▬ ▬ ▬ ▬ ▬ ▬ ▬ ▬ ▬ ▬ ▬ ▬ ▬ ▬ ▬ ▬ ▬ ▬ ▬ ▬ ▬ ▬ ▬ ▬ ▬ ▬ ▬ ▬ ▬ ▬ ▬ ▬ ▬ ▬ ▬ ▬ ▬ ▬ ▬ ▬ ▬ ▬ ▬ ▬ ▬ ▬ ▬ ▬ ▬ ▬ ▬ ▬ ▬ ▬ ▬ ▬ ▬ ▬ ▬ ▬ ▬ ▬ ▬ ▬ ▬ ▬ ▬ ▬ ▬ ▬ ▬ ▬ ▬ ▬ ▬ ▬ ▬ ▬ ▬ ▬ ▬ ▬ ▬ ▬ ▬ ▬ ▬ ▬ ▬ ▬ ▬ ▬ ▬ ▬ ▬ ▬ ▬ ▬ ▬ ▬ ▬ ▬ ▬ ▬ ▬ ▬ ▬ ▬ ▬ ▬ ▬ ▬ ▬ ▬ ▬ ▬ ▬ ▬ ▬ ▬ ▬ ▬ ▬ ▬ ▬ ▬ ▬ ▬ ▬ ▬ ▬ ▬ ▬ ▬ ▬ ▬ ▬ ▬ ▬ ▬ ▬ ▬ ▬ ▬ ▬ ▬ ▬ ▬ ▬ ▬ ▬ ▬ ▬ ▬ ▬ ▬ ▬ ▬ ▬ ▬ ▬ ▬ ▬ ▬ ▬ ▬ ▬ ▬ ▬ ▬ ▬ ▬ ▬ ▬ ▬ ▬ ▬ ▬ ▬ ▬ ▬ ▬ ▬ ▬ ▬ ▬ ▬ ▬ ▬ ▬ ▬ ▬ ▬ ▬ ▬ ▬ ▬ ▬ ▬ ▬ ▬ ▬ ▬ ▬ ▬ ▬ ▬ ▬ ▬ ▬ ▬ ▬ ▬ ▬ ▬ ▬ ▬ ▬ ▬ ▬ ▬ ▬ ▬ ▬ ▬ ▬ ▬ ▬	2021
Chantiers	Descriptif	Calendrier
2. PROJETS DE CORPS		
Moderniser la statut des Services des ponts et chaussées	▬ ▬ ▬ ▬ ▬ ▬ ▬ ▬ ▬ ▬ ▬ ▬ ▬ ▬ ▬ ▬ ▬ ▬ ▬ ▬ ▬ ▬ ▬ ▬ ▬ ▬ ▬ ▬ ▬ ▬ ▬ ▬ ▬ ▬ ▬ ▬ ▬ ▬ ▬ ▬ ▬ ▬ ▬ ▬ ▬ ▬ ▬ ▬ ▬ ▬ ▬ ▬ ▬ ▬ ▬ ▬ ▬ ▬ ▬ ▬ ▬ ▬ ▬ ▬ ▬ ▬ ▬ ▬ ▬ ▬ ▬ ▬ ▬ ▬ ▬ ▬ ▬ ▬ ▬ ▬ ▬ ▬ ▬ ▬ ▬ ▬ ▬ ▬ ▬ ▬ ▬ ▬ ▬ ▬ ▬ ▬ ▬ ▬ ▬ ▬ ▬ ▬ ▬ ▬ ▬ ▬ ▬ ▬ ▬ ▬ ▬ ▬ ▬ ▬ ▬ ▬ ▬ ▬ ▬ ▬ ▬ ▬ ▬ ▬ ▬ ▬ ▬ ▬ ▬ ▬ ▬ ▬ ▬ ▬ ▬ ▬ ▬ ▬ ▬ ▬ ▬ ▬ ▬ ▬ ▬ ▬ ▬ ▬ ▬ ▬ ▬ ▬ ▬ ▬ ▬ ▬ ▬ ▬ ▬ ▬ ▬ ▬ ▬ ▬ ▬ ▬ ▬ ▬ ▬ ▬ ▬ ▬ ▬ ▬ ▬ ▬ ▬ ▬ ▬ ▬ ▬ ▬ ▬ ▬ ▬ ▬ ▬ ▬ ▬ ▬ ▬ ▬ ▬ ▬ ▬ ▬ ▬ ▬ ▬ ▬ ▬ ▬ ▬ ▬ ▬ ▬ ▬ ▬ ▬ ▬ ▬ ▬ ▬ ▬ ▬ ▬ ▬ ▬ ▬ ▬ ▬ ▬ ▬ ▬ ▬ ▬ ▬ ▬ ▬ ▬ ▬ ▬ ▬ ▬ ▬ ▬ ▬ ▬ ▬ ▬ ▬ ▬ ▬ ▬ ▬ ▬ ▬ ▬ ▬ ▬ ▬ ▬ ▬ ▬ ▬ ▬ ▬ ▬ ▬ ▬ ▬ ▬ ▬ ▬ ▬ ▬ ▬ ▬ ▬ ▬ ▬ ▬ ▬ ▬ ▬ ▬ ▬ ▬ ▬ ▬ ▬ ▬ ▬ ▬ ▬ ▬ ▬ ▬ ▬ ▬ ▬ ▬ ▬ ▬ ▬ ▬ ▬ ▬ ▬ ▬ ▬ ▬ ▬ ▬ ▬ ▬ ▬ ▬ ▬ ▬ ▬ ▬ ▬ ▬ ▬ ▬ ▬ ▬ ▬ ▬ ▬ ▬ ▬ ▬ ▬ ▬ ▬ ▬ ▬ ▬ ▬ ▬ ▬ ▬ ▬ ▬ ▬ ▬ ▬ ▬ ▬ ▬ ▬ ▬ ▬ ▬ ▬ ▬ ▬ ▬ ▬ ▬ ▬ ▬ ▬ ▬ ▬ ▬ ▬ ▬ ▬ ▬ ▬ ▬ ▬ ▬ ▬ ▬ ▬ ▬ ▬ ▬ ▬ ▬ ▬ ▬ ▬ ▬ ▬ ▬ ▬ ▬ ▬ ▬ ▬ ▬ ▬ ▬ ▬ ▬ ▬ ▬ ▬ ▬ ▬ ▬ ▬ ▬ ▬ ▬ ▬ ▬ ▬ ▬ ▬ ▬ ▬ ▬ ▬ ▬ ▬ ▬ ▬ ▬ ▬ ▬ ▬ ▬ ▬ ▬ ▬ ▬ ▬ ▬ ▬ ▬ ▬ ▬ ▬ ▬ ▬ ▬ ▬ ▬ ▬ ▬ ▬ ▬ ▬ ▬ ▬ ▬ ▬ ▬ ▬ ▬ ▬ ▬ ▬ ▬ ▬ ▬ ▬ ▬ ▬ ▬ ▬ ▬ ▬ ▬ ▬ ▬ ▬ ▬ ▬ ▬ ▬ ▬ ▬ ▬ ▬ ▬ ▬ ▬ ▬ ▬ ▬ ▬ ▬ ▬ ▬ ▬ ▬ ▬ ▬ ▬ ▬ ▬ ▬ ▬ ▬ ▬ ▬ ▬ ▬ ▬ ▬ ▬ ▬ ▬ ▬ ▬ ▬ ▬ ▬ ▬ ▬ ▬ ▬ ▬ ▬ ▬ ▬ ▬ ▬ ▬ ▬ ▬ ▬ ▬ ▬ ▬ ▬ ▬ ▬ ▬ ▬ ▬ ▬ ▬ ▬ ▬ ▬ ▬ ▬ ▬ ▬ ▬ ▬ ▬ ▬ ▬ ▬ ▬ ▬ ▬ ▬ ▬ ▬ ▬ ▬ ▬ ▬ ▬ ▬ ▬ ▬ ▬ ▬ ▬ ▬ ▬ ▬ ▬ ▬ ▬ ▬ ▬ ▬ ▬ ▬ ▬ ▬ ▬ ▬ ▬ ▬ ▬ ▬ ▬ ▬ ▬ ▬ ▬ ▬ ▬ ▬ ▬ ▬ ▬ ▬ ▬ ▬ ▬ ▬ ▬ ▬ ▬ ▬ ▬ ▬ ▬ ▬ ▬ ▬ ▬ ▬ ▬ ▬ ▬ ▬ ▬ ▬ ▬ ▬ ▬ ▬ ▬ ▬ ▬ ▬ ▬ ▬ ▬ ▬ ▬ ▬ ▬ ▬ ▬ ▬ ▬ ▬ ▬ ▬ ▬ ▬ ▬ ▬ ▬ ▬ ▬ ▬ ▬ ▬ ▬ ▬ ▬ ▬ ▬ ▬ ▬ ▬ ▬ ▬ ▬ ▬ ▬ ▬ ▬ ▬ ▬ ▬ ▬ ▬ ▬ ▬ ▬ ▬ ▬ ▬ ▬ ▬ ▬ ▬ ▬ ▬ ▬ ▬ ▬ ▬ ▬ ▬ ▬ ▬ ▬ ▬ ▬ ▬ ▬ ▬ ▬ ▬ ▬ ▬ ▬ ▬ ▬ ▬ ▬ ▬ ▬ ▬ ▬ ▬ ▬ ▬ ▬ ▬ ▬ ▬ ▬ ▬ ▬ ▬ ▬ ▬ ▬ ▬ ▬ ▬ ▬ ▬ ▬ ▬ ▬ ▬ ▬ ▬ ▬ ▬ ▬ ▬ ▬ ▬ ▬ ▬ ▬ ▬ ▬ ▬ ▬ ▬ ▬ ▬ ▬ ▬ ▬ ▬ ▬ ▬ ▬ ▬ ▬ ▬ ▬ ▬ ▬ ▬ ▬ ▬ ▬ ▬ ▬ ▬ ▬ ▬ ▬ ▬ ▬ ▬ ▬ ▬ ▬ ▬ ▬ ▬ ▬ ▬ ▬ ▬ ▬ ▬ ▬ ▬ ▬ ▬ ▬ ▬ ▬ ▬ ▬ ▬ ▬ ▬ ▬ ▬ ▬ ▬ ▬ ▬ ▬ ▬ ▬ ▬ ▬ ▬ ▬ ▬ ▬ ▬ ▬ ▬ ▬ ▬ ▬ ▬ ▬ ▬ ▬ ▬ ▬ ▬ ▬ ▬ ▬ ▬ ▬ ▬ ▬ ▬ ▬ ▬ ▬ ▬ ▬ ▬ ▬ ▬ ▬ ▬ ▬ ▬ ▬ ▬ ▬ ▬ ▬ ▬ ▬ ▬ ▬ ▬ ▬ ▬ ▬ ▬ ▬ ▬ ▬ ▬ ▬ ▬ ▬ ▬ ▬ ▬ ▬ ▬ ▬ ▬ ▬ ▬ ▬ ▬ ▬ ▬ ▬ ▬ ▬ ▬ ▬ ▬ ▬ ▬ ▬ ▬ ▬ ▬ ▬ ▬ ▬	Engagement des travaux 2ème semestre 2020
Modernisation du cadre statutaire et des missions des agents de la filière technique	▬ ▬ ▬ ▬ ▬ ▬ ▬ ▬ ▬ ▬ ▬ ▬ ▬ ▬ ▬ ▬ ▬ ▬ ▬ ▬ ▬ ▬ ▬ ▬ ▬ ▬ ▬ ▬ ▬ ▬ ▬ ▬ ▬ ▬ ▬ ▬ ▬ ▬ ▬ ▬ ▬ ▬ ▬ ▬ ▬ ▬ ▬ ▬ ▬ ▬ ▬ ▬ ▬ ▬ ▬ ▬ ▬ ▬ ▬ ▬ ▬ ▬ ▬ ▬ ▬ ▬ ▬ ▬ ▬ ▬ ▬ ▬ ▬ ▬ ▬ ▬ ▬ ▬ ▬ ▬ ▬ ▬ ▬ ▬ ▬ ▬ ▬ ▬ ▬ ▬ ▬ ▬ ▬ ▬ ▬ ▬ ▬ ▬ ▬ ▬ ▬ ▬ ▬ ▬ ▬ ▬ ▬ ▬ ▬ ▬ ▬ ▬ ▬ ▬ ▬ ▬ ▬ ▬ ▬ ▬ ▬ ▬ ▬ ▬ ▬ ▬ ▬ ▬ ▬ ▬ ▬ ▬ ▬ ▬ ▬ ▬ ▬ ▬ ▬ ▬ ▬ ▬ ▬ ▬ ▬ ▬ ▬ ▬ ▬ ▬ ▬ ▬ ▬ ▬ ▬ ▬ ▬ ▬ ▬ ▬ ▬ ▬ ▬ ▬ ▬ ▬ ▬ ▬ ▬ ▬ ▬ ▬ ▬ ▬ ▬ ▬ ▬ ▬ ▬ ▬ ▬ ▬ ▬ ▬ ▬ ▬ ▬ ▬ ▬ ▬ ▬ ▬ ▬ ▬ ▬ ▬ ▬ ▬ ▬ ▬ ▬ ▬ ▬ ▬ ▬ ▬ ▬ ▬ ▬ ▬ ▬ ▬ ▬ ▬ ▬ ▬ ▬ ▬ ▬ ▬ ▬ ▬ ▬ ▬ ▬ ▬ ▬ ▬ ▬ ▬ ▬ ▬ ▬ ▬ ▬ ▬ ▬ ▬ ▬ ▬ ▬ ▬ ▬ ▬ ▬ ▬ ▬ ▬ ▬ ▬ ▬ ▬ ▬ ▬ ▬ ▬ ▬ ▬ ▬ ▬ ▬ ▬ ▬ ▬ ▬ ▬ ▬ ▬ ▬ ▬ ▬ ▬ ▬ ▬ ▬ ▬ ▬ ▬ ▬ ▬ ▬ ▬ ▬ ▬ ▬ ▬ ▬ ▬ ▬ ▬ ▬ ▬ ▬ ▬ ▬ ▬ ▬ ▬ ▬ ▬ ▬ ▬ ▬ ▬ ▬ ▬ ▬ ▬ ▬ ▬ ▬ ▬ ▬ ▬ ▬ ▬ ▬ ▬ ▬ ▬ ▬ ▬ ▬ ▬ ▬ ▬ ▬ ▬ ▬ ▬ ▬ ▬ ▬ ▬ ▬ ▬ ▬ ▬ ▬ ▬ ▬ ▬ ▬ ▬ ▬ ▬ ▬ ▬ ▬ ▬ ▬ ▬ ▬ ▬ ▬ ▬ ▬ ▬ ▬ ▬ ▬ ▬ ▬ ▬ ▬ ▬ ▬ ▬ ▬ ▬ ▬ ▬ ▬ ▬ ▬ ▬ ▬ ▬ ▬ ▬ ▬ ▬ ▬ ▬ ▬ ▬ ▬ ▬ ▬ ▬ ▬ ▬ ▬ ▬ ▬ ▬ ▬ ▬ ▬ ▬ ▬ ▬ ▬ ▬ ▬ ▬ ▬ ▬ ▬ ▬ ▬ ▬ ▬ ▬ ▬ ▬ ▬ ▬ ▬ ▬ ▬ ▬ ▬ ▬ ▬ ▬ ▬ ▬ ▬ ▬ ▬ ▬ ▬ ▬ ▬ ▬ ▬ ▬ ▬ ▬ ▬ ▬ ▬ ▬ ▬ ▬ ▬ ▬ ▬ ▬ ▬ ▬ ▬ ▬ ▬ ▬ ▬ ▬ ▬ ▬ ▬ ▬ ▬ ▬ ▬ ▬ ▬ ▬ ▬ ▬ ▬ ▬ ▬ ▬ ▬ ▬ ▬ ▬ ▬ ▬ ▬ ▬ ▬ ▬ ▬ ▬ ▬ ▬ ▬ ▬ ▬ ▬ ▬ ▬ ▬ ▬ ▬ ▬ ▬ ▬ ▬ ▬ ▬ ▬ ▬ ▬ ▬ ▬ ▬ ▬ ▬ ▬ ▬ ▬ ▬ ▬ ▬ ▬ ▬ ▬ ▬ ▬ ▬ ▬ ▬ ▬ ▬ ▬ ▬ ▬ ▬ ▬ ▬ ▬ ▬ ▬ ▬ ▬ ▬ ▬ ▬ ▬ ▬ ▬ ▬ ▬ ▬ ▬ ▬ ▬ ▬ ▬ ▬ ▬ ▬ ▬ ▬ ▬ ▬ ▬ ▬ ▬ ▬ ▬ ▬ ▬ ▬ ▬ ▬ ▬ ▬ ▬ ▬ ▬ ▬ ▬ ▬ ▬ ▬ ▬ ▬ ▬ ▬ ▬ ▬ ▬ ▬ ▬ ▬ ▬ ▬ ▬ ▬ ▬ ▬ ▬ ▬ ▬ ▬ ▬ ▬ ▬ ▬ ▬ ▬ ▬ ▬ ▬ ▬ ▬ ▬ ▬ ▬ ▬ ▬ ▬ ▬ ▬ ▬ ▬ ▬ ▬ ▬ ▬ ▬ ▬ ▬ ▬ ▬ ▬ ▬ ▬ ▬ ▬ ▬ ▬ ▬ ▬ ▬ ▬ ▬ ▬ ▬ ▬ ▬ ▬ ▬ ▬ ▬ ▬ ▬ ▬ ▬ ▬ ▬ ▬ ▬ ▬ ▬ ▬ ▬ ▬ ▬ ▬ ▬ ▬ ▬ ▬ ▬ ▬ ▬ ▬ ▬ ▬ ▬ ▬ ▬ ▬ ▬ ▬ ▬ ▬ ▬ ▬ ▬ ▬ ▬ ▬ ▬ ▬ ▬ ▬ ▬ ▬ ▬ ▬ ▬ ▬ ▬ ▬ ▬ ▬ ▬ ▬ ▬ ▬ ▬ ▬ ▬ ▬ ▬ ▬ ▬ ▬ ▬ ▬ ▬ ▬ ▬ ▬ ▬ ▬ ▬ ▬ ▬ ▬ ▬ ▬ ▬ ▬ ▬ ▬ ▬ ▬ ▬ ▬ ▬ ▬ ▬ ▬ ▬ ▬ ▬ ▬ ▬ ▬ ▬ ▬ ▬ ▬ ▬ ▬ ▬ ▬ ▬ ▬ ▬ ▬ ▬ ▬ ▬ ▬ ▬ ▬ ▬ ▬ ▬ ▬ ▬ ▬ ▬ ▬ ▬ ▬ ▬ ▬ ▬ ▬ ▬ ▬ ▬ ▬ ▬ ▬ ▬ ▬ ▬ ▬ ▬ ▬ ▬ ▬ ▬ ▬ ▬ ▬ ▬ ▬ ▬ ▬ ▬ ▬ ▬ ▬ ▬ ▬ ▬ ▬ ▬ ▬ ▬ ▬ ▬ ▬ ▬ ▬ ▬ ▬ ▬ ▬ ▬ ▬ ▬ ▬ ▬ ▬ ▬ ▬ ▬ ▬ ▬ ▬ ▬ ▬ ▬ ▬ ▬ ▬ ▬ ▬ ▬ ▬ ▬ ▬ ▬ ▬ ▬ ▬ ▬ ▬ ▬ ▬ ▬ ▬ ▬ ▬ ▬ ▬ ▬ ▬ ▬ ▬ ▬ ▬ ▬ ▬ ▬ ▬ ▬ ▬ ▬ ▬ ▬ ▬ ▬ ▬ ▬ ▬ ▬ ▬ ▬ ▬ ▬ ▬ ▬ ▬ ▬ ▬ ▬ ▬ ▬ ▬ ▬ ▬ ▬ ▬ ▬ ▬ ▬ ▬ ▬ ▬ ▬ ▬ ▬ ▬ ▬ ▬ ▬ ▬ ▬ ▬ ▬ ▬ ▬ ▬ ▬ ▬ ▬ ▬ ▬ ▬ ▬ ▬ ▬ ▬ ▬ ▬ ▬ ▬ ▬ ▬ ▬ ▬ ▬ ▬ ▬ ▬ ▬ ▬ ▬ ▬ ▬ ▬ ▬ ▬ ▬ ▬ ▬ ▬ ▬ ▬ ▬ ▬ ▬ ▬ ▬ ▬ ▬ ▬ ▬ ▬ ▬ ▬ ▬ ▬ ▬ ▬ ▬ ▬ ▬ ▬ ▬ ▬ ▬ ▬ ▬ ▬ ▬ ▬ ▬ ▬ ▬ ▬ ▬ ▬ ▬ ▬ ▬ ▬ ▬ ▬ ▬ ▬ ▬ ▬ ▬ ▬ ▬ ▬ ▬ ▬ ▬ ▬ ▬ ▬ ▬ ▬ ▬ ▬ ▬ ▬ ▬ ▬ ▬ ▬ ▬ ▬ ▬ ▬ ▬ ▬ ▬ ▬ ▬ ▬ ▬ ▬ ▬ ▬ ▬ ▬ ▬ ▬ ▬ ▬ ▬ ▬ ▬ ▬ ▬ ▬ ▬ ▬ ▬ ▬ ▬ ▬ ▬ ▬ ▬ ▬ ▬ ▬ ▬ ▬ ▬ ▬ ▬ ▬ ▬ ▬ ▬ ▬ ▬ ▬ ▬ ▬ ▬ ▬ ▬ ▬ ▬ ▬ ▬ ▬ ▬ ▬ ▬ ▬ ▬ ▬ ▬ ▬ ▬ ▬ ▬ ▬ ▬ ▬ ▬ ▬ ▬ ▬ ▬ ▬ ▬ ▬ ▬ ▬ ▬ ▬ ▬ ▬ ▬ ▬ ▬ ▬ ▬ ▬ ▬ ▬ ▬ ▬ ▬ ▬ ▬ ▬ ▬ ▬ ▬ ▬ ▬ ▬ ▬ ▬ ▬ ▬ ▬ ▬ ▬ ▬ ▬ ▬ ▬ ▬ ▬ ▬ ▬ ▬ ▬ ▬ ▬ ▬ ▬ ▬ ▬ ▬ ▬ ▬ ▬ ▬ ▬ ▬ ▬ ▬ ▬ ▬ ▬ ▬ ▬ ▬ ▬ ▬ ▬ ▬ ▬ ▬ ▬ ▬ ▬ ▬ ▬ ▬ ▬ ▬ ▬ ▬ ▬ ▬ ▬ ▬ ▬ ▬ ▬ ▬ ▬ ▬ ▬ ▬ ▬ ▬ ▬ ▬ ▬ ▬ ▬ ▬ ▬ ▬ ▬ ▬ ▬ ▬ ▬ ▬ ▬ ▬ ▬ ▬ ▬ ▬ ▬ ▬ ▬ ▬ ▬ ▬ ▬ ▬ ▬ ▬ ▬ ▬ ▬ ▬ ▬ ▬ ▬ ▬ ▬ ▬ ▬ ▬ ▬ ▬ ▬ ▬ ▬ ▬ ▬ ▬ ▬ ▬ ▬ ▬ ▬ ▬ ▬ ▬ ▬ ▬ ▬ ▬ ▬ ▬ ▬ ▬ ▬ ▬ ▬ ▬ ▬ ▬ ▬ ▬ ▬ ▬ ▬ ▬ ▬ ▬ ▬ ▬ ▬ ▬ ▬ ▬ ▬ ▬ ▬ ▬ ▬ ▬ ▬ ▬ ▬ ▬ ▬ ▬ ▬ ▬ ▬ ▬ ▬ ▬ ▬ ▬ ▬ ▬ ▬ ▬ ▬ ▬ ▬ ▬ ▬ ▬ ▬ ▬ ▬ ▬ ▬ ▬ ▬ ▬ ▬ ▬ ▬ ▬ ▬ ▬ ▬ ▬ ▬ ▬ ▬ ▬ ▬ ▬ ▬ ▬ ▬ ▬ ▬ ▬ ▬ ▬ ▬ ▬ ▬ ▬ ▬ ▬ ▬ ▬ ▬ ▬ ▬ ▬ ▬ ▬ ▬ ▬ ▬ ▬ ▬ ▬ ▬ ▬ ▬ ▬ ▬ ▬ ▬ ▬ ▬ ▬ ▬ ▬ ▬ ▬ ▬ ▬ ▬ ▬ ▬ ▬ ▬ ▬ ▬ ▬ ▬ ▬ ▬ ▬ ▬ ▬ ▬ ▬ ▬ ▬ ▬ ▬ ▬ ▬ ▬ ▬ ▬ ▬ ▬ ▬ ▬ ▬ ▬ ▬ ▬ ▬ ▬ ▬ ▬ ▬ ▬ ▬ ▬ ▬ ▬ ▬ ▬ ▬ ▬ ▬ ▬ ▬ ▬ ▬ ▬ ▬ ▬ ▬ ▬ ▬ ▬ ▬ ▬ ▬ ▬ ▬ ▬ ▬ ▬ ▬ ▬ ▬ ▬ ▬ ▬ ▬ ▬ ▬ ▬ ▬ ▬ ▬ ▬ ▬ ▬ ▬ ▬ ▬ ▬ ▬ ▬ ▬ ▬ ▬ ▬ ▬ ▬ ▬ ▬ ▬ ▬ ▬ ▬ ▬ ▬ ▬ ▬ ▬ ▬ ▬ ▬ ▬ ▬ ▬ ▬ ▬ ▬ ▬ ▬ ▬ ▬ ▬ ▬ ▬ ▬ ▬ ▬ ▬ ▬ ▬ ▬ ▬ ▬ ▬ ▬ ▬ ▬ ▬ ▬ ▬ ▬ ▬ ▬ ▬ ▬ ▬ ▬ ▬ ▬ ▬ ▬ ▬ ▬ ▬ ▬ ▬ ▬ ▬ ▬ ▬ ▬ ▬ ▬ ▬ ▬ ▬ ▬ ▬ ▬ ▬ ▬ ▬ ▬ ▬ ▬ ▬ ▬ ▬ ▬ ▬ ▬ ▬ ▬ ▬ ▬ ▬ ▬ ▬ ▬ ▬ ▬ ▬ ▬ ▬ ▬ ▬ ▬ ▬ ▬ ▬ ▬ ▬ ▬ ▬ ▬ ▬ ▬ ▬ ▬ ▬ ▬ ▬ ▬ ▬ ▬ ▬ ▬ ▬ ▬ ▬ ▬ ▬ ▬ ▬ ▬ ▬ ▬ ▬ ▬ ▬ ▬ ▬ ▬ ▬ ▬ ▬ ▬ ▬ ▬ ▬ ▬ ▬ ▬ ▬ ▬ ▬ ▬ ▬ ▬ ▬ ▬ ▬ ▬ ▬ ▬ ▬ ▬ ▬ ▬ ▬ ▬ ▬ ▬ ▬ ▬ ▬ ▬ ▬ ▬ ▬ ▬ ▬ ▬ ▬ ▬ ▬ ▬ ▬ ▬ ▬ ▬ ▬ ▬ ▬ ▬ ▬ ▬ ▬ ▬ ▬ ▬ ▬ ▬ ▬ ▬ ▬ ▬ ▬ ▬ ▬ ▬ ▬ ▬ ▬ ▬ ▬ ▬ ▬ ▬ ▬ ▬ ▬ ▬ ▬ ▬ ▬ ▬ ▬ ▬ ▬ ▬ ▬ ▬ ▬ ▬ ▬ ▬ ▬ ▬ ▬ ▬ ▬ ▬ ▬ ▬ ▬ ▬ ▬ ▬ ▬ ▬ ▬ ▬ ▬ ▬ ▬ ▬ ▬ ▬ ▬ ▬ ▬ ▬ ▬ ▬ ▬ ▬ ▬ ▬ ▬ ▬ ▬ ▬ ▬ ▬ ▬ ▬ ▬ ▬ ▬ ▬ ▬ ▬ ▬ ▬ ▬ ▬ ▬ ▬ ▬ ▬ ▬ ▬ ▬ ▬ ▬ ▬ ▬ ▬ ▬ ▬ ▬ ▬ ▬ ▬ ▬ ▬ ▬ ▬ ▬ ▬ ▬ ▬ ▬ ▬ ▬ ▬ ▬ ▬ ▬ ▬ ▬ ▬ ▬ ▬ ▬ ▬ ▬ ▬ ▬ ▬ ▬ ▬ ▬ ▬ ▬ ▬ ▬ ▬ ▬ ▬ ▬ ▬ ▬ ▬ ▬ ▬ ▬ ▬ ▬ ▬ ▬ ▬ ▬ ▬ ▬ ▬ ▬ ▬ ▬ ▬ ▬ ▬ ▬ ▬ ▬ ▬ ▬ ▬ ▬ ▬ ▬ ▬ ▬ ▬ ▬ ▬ ▬ ▬ ▬ ▬ ▬ ▬ ▬ ▬ ▬ ▬ ▬ ▬ ▬ ▬ ▬ ▬ ▬ ▬ ▬ ▬ ▬ ▬ ▬ ▬ ▬ ▬ ▬ ▬ ▬ ▬ ▬ ▬ ▬ ▬ ▬ ▬ ▬ ▬ ▬ ▬ ▬ ▬ ▬ ▬ ▬ ▬ ▬ ▬ ▬ ▬ ▬ ▬ ▬ ▬ ▬ ▬ ▬ ▬ ▬ ▬ ▬ ▬ ▬ ▬ ▬ ▬ ▬ ▬ ▬ ▬ ▬ ▬ ▬ ▬ ▬ ▬ ▬ ▬ ▬ ▬ ▬ ▬ ▬ ▬ ▬ ▬ ▬ ▬ ▬ ▬ ▬ ▬ ▬ ▬ ▬ ▬ ▬ ▬ ▬ ▬ ▬ ▬ ▬ ▬ ▬ ▬ ▬ ▬ ▬ ▬ ▬ ▬ ▬ ▬ ▬ ▬ ▬ ▬ ▬ ▬ ▬ ▬ ▬ ▬ ▬ ▬ ▬ ▬ ▬ ▬ ▬ ▬ ▬ ▬ ▬ ▬ ▬ ▬ ▬ ▬ ▬ ▬ ▬ ▬ ▬ ▬ ▬ ▬ ▬ ▬ ▬ ▬ ▬ ▬ ▬ ▬ ▬ ▬ ▬ ▬ ▬ ▬ ▬ ▬ ▬ ▬ ▬ ▬ ▬ ▬ ▬ ▬ ▬ ▬ ▬ ▬ ▬ ▬ ▬ ▬ ▬ ▬ ▬ ▬ ▬ ▬ ▬ ▬ ▬ ▬ ▬ ▬ ▬ ▬ ▬ ▬ ▬ ▬ ▬ ▬ ▬ ▬ ▬ ▬ ▬ ▬ ▬ ▬ ▬ ▬ ▬ ▬ ▬ ▬ ▬ ▬ ▬ ▬ ▬ ▬ ▬ ▬ ▬ ▬ ▬ ▬ ▬ ▬ ▬ ▬ ▬ ▬ ▬ ▬ ▬ ▬ ▬ ▬ ▬ ▬ ▬ ▬ ▬ ▬ ▬ ▬ ▬ ▬ ▬ ▬ ▬ ▬ ▬ ▬ ▬ ▬ ▬ ▬ ▬ ▬ ▬ ▬ ▬ ▬ ▬ ▬ ▬ ▬ ▬ ▬ ▬ ▬ ▬ ▬ ▬ ▬ ▬ ▬ ▬ ▬ ▬ ▬ ▬ ▬ ▬ ▬ ▬ ▬ ▬ ▬ ▬ ▬ ▬ ▬ ▬ ▬ ▬ ▬ ▬ ▬ ▬ ▬ ▬ ▬ ▬ ▬ ▬ ▬ ▬ ▬ ▬ ▬ ▬ ▬ ▬ ▬ ▬ ▬ ▬ ▬ ▬ ▬ ▬ ▬ ▬ ▬ ▬ ▬ ▬ ▬ ▬ ▬ ▬ ▬ ▬ ▬ ▬ ▬ ▬	Engagement des travaux 2021
Revalorisation des carrières	▬ ▬ ▬ ▬ ▬ ▬ ▬ ▬ ▬ ▬ ▬ ▬ ▬ ▬ ▬ ▬ ▬ ▬ ▬ ▬ ▬ ▬ ▬ ▬ ▬ ▬ ▬ ▬ ▬ ▬ ▬ ▬ ▬ ▬ ▬ ▬ ▬ ▬ ▬ ▬ ▬ ▬ ▬ ▬ ▬ ▬ ▬ ▬ ▬ ▬ ▬ ▬ ▬ ▬ ▬ ▬ ▬ ▬ ▬ ▬ ▬ ▬ ▬ ▬ ▬ ▬ ▬ ▬ ▬ ▬ ▬ ▬ ▬ ▬ ▬ ▬ ▬ ▬ ▬ ▬ ▬ ▬ ▬ ▬ ▬ ▬ ▬ ▬ ▬ ▬ ▬ ▬ ▬ ▬ ▬ ▬ ▬ ▬ ▬ ▬ ▬ ▬ ▬ ▬ ▬ ▬ ▬ ▬ ▬ ▬ ▬ ▬ ▬ ▬ ▬ ▬ ▬ ▬ ▬ ▬ ▬ ▬ ▬ ▬ ▬ ▬ ▬ ▬ ▬ ▬ ▬ ▬ ▬ ▬ ▬ ▬ ▬ ▬ ▬ ▬ ▬ ▬ ▬ ▬ ▬ ▬ ▬ ▬ ▬ ▬ ▬ ▬ ▬ ▬ ▬ ▬ ▬ ▬ ▬ ▬ ▬ ▬ ▬ ▬ ▬ ▬ ▬ ▬ ▬ ▬ ▬ ▬ ▬ ▬ ▬ ▬ ▬ ▬ ▬ ▬ ▬ ▬ ▬ ▬ ▬ ▬ ▬ ▬ ▬ ▬ ▬ ▬ ▬ ▬ ▬ ▬ ▬ ▬ ▬ ▬ ▬ ▬ ▬ ▬ ▬ ▬ ▬ ▬ ▬ ▬ ▬ ▬ ▬ ▬ ▬ ▬ ▬ ▬ ▬ ▬ ▬ ▬ ▬ ▬ ▬ ▬ ▬ ▬ ▬ ▬ ▬ ▬ ▬ ▬ ▬ ▬ ▬ ▬ ▬ ▬ ▬ ▬ ▬ ▬ ▬ ▬ ▬ ▬ ▬ ▬ ▬ ▬ ▬ ▬ ▬ ▬ ▬ ▬ ▬ ▬ ▬ ▬ ▬ ▬ ▬ ▬ ▬ ▬ ▬ ▬ ▬ ▬ ▬ ▬ ▬ ▬ ▬ ▬ ▬ ▬ ▬ ▬ ▬ ▬ ▬ ▬ ▬ ▬ ▬ ▬ ▬ ▬ ▬ ▬ ▬ ▬ ▬ ▬ ▬ ▬ ▬ ▬ ▬ ▬ ▬ ▬ ▬ ▬ ▬ ▬ ▬ ▬ ▬ ▬ ▬ ▬ ▬ ▬ ▬ ▬ ▬ ▬ ▬ ▬ ▬ ▬ ▬ ▬ ▬ ▬ ▬ ▬ ▬ ▬ ▬ ▬ ▬ ▬ ▬ ▬ ▬ ▬ ▬ ▬ ▬ ▬ ▬ ▬ ▬ ▬ ▬ ▬ ▬ ▬ ▬ ▬ ▬ ▬ ▬ ▬ ▬ ▬ ▬ ▬ ▬ ▬ ▬ ▬ ▬ ▬ ▬ ▬ ▬ ▬ ▬ ▬ ▬ ▬ ▬ ▬ ▬ ▬ ▬ ▬ ▬ ▬ ▬ ▬ ▬ ▬ ▬ ▬ ▬ ▬ ▬ ▬ ▬ ▬ ▬ ▬ ▬ ▬ ▬ ▬ ▬ ▬ ▬ ▬ ▬ ▬ ▬ ▬ ▬ ▬ ▬ ▬ ▬ ▬ ▬ ▬ ▬ ▬ ▬ ▬ ▬ ▬ ▬ ▬ ▬ ▬ ▬ ▬ ▬ ▬ ▬ ▬ ▬ ▬ ▬ ▬ ▬ ▬ ▬ ▬ ▬ ▬ ▬ ▬ ▬ ▬ ▬ ▬ ▬ ▬ ▬ ▬ ▬ ▬ ▬ ▬ ▬ ▬ ▬ ▬ ▬ ▬ ▬ ▬ ▬ ▬ ▬ ▬ ▬ ▬ ▬ ▬ ▬ ▬ ▬ ▬ ▬ ▬ ▬ ▬ ▬ ▬ ▬ ▬ ▬ ▬ ▬ ▬ ▬ ▬ ▬ ▬ ▬ ▬ ▬ ▬ ▬ ▬ ▬ ▬ ▬ ▬ ▬ ▬ ▬ ▬ ▬ ▬ ▬ ▬ ▬ ▬ ▬ ▬ ▬ ▬ ▬ ▬ ▬ ▬ ▬ ▬ ▬ ▬ ▬ ▬ ▬ ▬ ▬ ▬ ▬ ▬ ▬ ▬ ▬ ▬ ▬ ▬ ▬ ▬ ▬ ▬ ▬ ▬ ▬ ▬ ▬ ▬ ▬ ▬ ▬ ▬ ▬ ▬ ▬ ▬ ▬ ▬ ▬ ▬ ▬ ▬ ▬ ▬ ▬ ▬ ▬ ▬ ▬ ▬ ▬ ▬ ▬ ▬ ▬ ▬ ▬ ▬ ▬ ▬ ▬ ▬ ▬ ▬ ▬ ▬ ▬ ▬ ▬ ▬ ▬ ▬ ▬ ▬ ▬ ▬ ▬ ▬ ▬ ▬ ▬ ▬ ▬ ▬ ▬ ▬ ▬ ▬ ▬ ▬ ▬ ▬ ▬ ▬ ▬ ▬ ▬ ▬ ▬ ▬ ▬ ▬ ▬ ▬ ▬ ▬ ▬ ▬ ▬ ▬ ▬ ▬ ▬ ▬ ▬ ▬ ▬ ▬ ▬ ▬ ▬ ▬ ▬ ▬ ▬ ▬ ▬ ▬ ▬ ▬ ▬ ▬ ▬ ▬ ▬ ▬ ▬ ▬ ▬ ▬ ▬ ▬ ▬ ▬ ▬ ▬ ▬ ▬ ▬ ▬ ▬ ▬ ▬ ▬ ▬ ▬ ▬ ▬ ▬ ▬ ▬ ▬ ▬ ▬ ▬ ▬ ▬ ▬ ▬ ▬ ▬ ▬ ▬ ▬ ▬ ▬ ▬ ▬ ▬ ▬ ▬ ▬ ▬ ▬ ▬ ▬ ▬ ▬ ▬ ▬ ▬ ▬ ▬ ▬ ▬ ▬ ▬ ▬ ▬ ▬ ▬ ▬ ▬ ▬ ▬ ▬ ▬ ▬ ▬ ▬ ▬ ▬ ▬ ▬ ▬ ▬ ▬ ▬ ▬ ▬ ▬ ▬ ▬ ▬ ▬ ▬ ▬ ▬ ▬ ▬ ▬ ▬ ▬ ▬ ▬ ▬ ▬ ▬ ▬ ▬ ▬ ▬ ▬ ▬ ▬ ▬ ▬ ▬ ▬ ▬ ▬ ▬ ▬ ▬ ▬ ▬ ▬ ▬ ▬ ▬ ▬ ▬ ▬ ▬ ▬ ▬ ▬ ▬ ▬ ▬ ▬ ▬ ▬ ▬ ▬ ▬ ▬ ▬ ▬ ▬ ▬ ▬ ▬ ▬ ▬ ▬ ▬ ▬ ▬ ▬ ▬ ▬ ▬ ▬ ▬ ▬ ▬ ▬ ▬ ▬ ▬ ▬ ▬ ▬ ▬ ▬ ▬ ▬ ▬ ▬ ▬ ▬ ▬ ▬ ▬ ▬ ▬ ▬ ▬ ▬ ▬ ▬ ▬ ▬ ▬ ▬ ▬ ▬ ▬ ▬ ▬ ▬ ▬ ▬ ▬ ▬ ▬ ▬ ▬ ▬ ▬ ▬ ▬ ▬ ▬ ▬ ▬ ▬ ▬ ▬ ▬ ▬ ▬ ▬ ▬ ▬ ▬ ▬ ▬ ▬ ▬ ▬ ▬ ▬ ▬ ▬ ▬ ▬ ▬ ▬ ▬ ▬ ▬ ▬ ▬ ▬ ▬ ▬ ▬ ▬ ▬ ▬ ▬ ▬ ▬ ▬ ▬ ▬ ▬ ▬ ▬ ▬ ▬ ▬ ▬ ▬ ▬ ▬ ▬ ▬ ▬ ▬ ▬ ▬ ▬ ▬ ▬ ▬ ▬ ▬ ▬ ▬ ▬ ▬ ▬ ▬ ▬ ▬ ▬ ▬ ▬ ▬ ▬ ▬ ▬ ▬ ▬ ▬ ▬ ▬ ▬ ▬ ▬ ▬ ▬ ▬ ▬ ▬ ▬ ▬ ▬ ▬ ▬ ▬ ▬ ▬ ▬ ▬ ▬ ▬ ▬ ▬ ▬ ▬ ▬ ▬ ▬ ▬ ▬ ▬ ▬ ▬ ▬ ▬ ▬ ▬ ▬ ▬ ▬ ▬ ▬ ▬ ▬ ▬ ▬ ▬ ▬ ▬ ▬ ▬ ▬ ▬ ▬ ▬ ▬ ▬ ▬ ▬ ▬ ▬ ▬ ▬ ▬ ▬ ▬ ▬ ▬ ▬ ▬ ▬ ▬ ▬ ▬ ▬ ▬ ▬ ▬ ▬ ▬ ▬ ▬ ▬ ▬ ▬ ▬ ▬ ▬ ▬ ▬ ▬ ▬ ▬ ▬ ▬ ▬ ▬ ▬ ▬ ▬ ▬ ▬ ▬ ▬ ▬ ▬ ▬ ▬ ▬ ▬ ▬ ▬ ▬ ▬ ▬ ▬ ▬ ▬ ▬ ▬ ▬ ▬ ▬ ▬ ▬ ▬ ▬ ▬ ▬ ▬ ▬ ▬ ▬ ▬ ▬ ▬ ▬ ▬ ▬ ▬ ▬ ▬ ▬ ▬ ▬ ▬ ▬ ▬ ▬ ▬ ▬ ▬ ▬ ▬ ▬ ▬ ▬ ▬ ▬ ▬ ▬ ▬ ▬ ▬ ▬ ▬ ▬ ▬ ▬ ▬ ▬ ▬ ▬ ▬ ▬ ▬ ▬ ▬ ▬ ▬ ▬ ▬ ▬ ▬ ▬ ▬ ▬ ▬ ▬ ▬ ▬ ▬ ▬ ▬ ▬ ▬ ▬ ▬ ▬ ▬ ▬ ▬ ▬ ▬ ▬ ▬ ▬ ▬ ▬ ▬ ▬ ▬ ▬ ▬ ▬ ▬ ▬ ▬ ▬ ▬ ▬ ▬ ▬ ▬ ▬ ▬ ▬ ▬ ▬ ▬ ▬ ▬ ▬ ▬ ▬ ▬ ▬ ▬ ▬ ▬ ▬ ▬ ▬ ▬ ▬ ▬ ▬ ▬ ▬ ▬ ▬ ▬ ▬ ▬ ▬ ▬ ▬ ▬ ▬ ▬ ▬ ▬ ▬ ▬ ▬ ▬ ▬ ▬ ▬ ▬ ▬ ▬ ▬ ▬ ▬ ▬ ▬ ▬ ▬ ▬ ▬ ▬ ▬ ▬ ▬ ▬ ▬ ▬ ▬ ▬ ▬ ▬ ▬ ▬ ▬ ▬ ▬ ▬ ▬ ▬ ▬ ▬ ▬ ▬ ▬ ▬ ▬ ▬ ▬ ▬ ▬ ▬ ▬ ▬ ▬ ▬ ▬ ▬ ▬ ▬ ▬ ▬ ▬ ▬ ▬ ▬ ▬ ▬ ▬ ▬ ▬ ▬ ▬ ▬ ▬ ▬ ▬ ▬ ▬ ▬ ▬ ▬ ▬ ▬ ▬ ▬ ▬ ▬ ▬ ▬ ▬ ▬ ▬ ▬ ▬ ▬ ▬ ▬ ▬ ▬ ▬ ▬ ▬ ▬ ▬ ▬ ▬ ▬ ▬ ▬ ▬ ▬ ▬ ▬ ▬ ▬ ▬ ▬ ▬ ▬ ▬ ▬ ▬ ▬ ▬ ▬ ▬ ▬ ▬ ▬ ▬ ▬ ▬ ▬ ▬ ▬ ▬ ▬ ▬ ▬ ▬ ▬ ▬ ▬ ▬ ▬ ▬ ▬ ▬ ▬ ▬ ▬ ▬ ▬ ▬ ▬ ▬ ▬ ▬ ▬ ▬ ▬ ▬ ▬ ▬ ▬ ▬ ▬ ▬ ▬ ▬ ▬ ▬ ▬ ▬ ▬ ▬ ▬ ▬ ▬ ▬ ▬ ▬ ▬ ▬ ▬ ▬ ▬ ▬ ▬ ▬ ▬ ▬ ▬ ▬ ▬ ▬ ▬ ▬ ▬ ▬ ▬ ▬ ▬ ▬ ▬ ▬ ▬ ▬ ▬ ▬ ▬ ▬ ▬ ▬ ▬ ▬ ▬ ▬ ▬ ▬ ▬ ▬ ▬ ▬ ▬ ▬ ▬ ▬ ▬ ▬ ▬ ▬ ▬ ▬ ▬ ▬ ▬ ▬ ▬ ▬ ▬ ▬ ▬ ▬ ▬ ▬ ▬ ▬ ▬ ▬ ▬ ▬ ▬ ▬ ▬ ▬ ▬ ▬ ▬ ▬ ▬ ▬ ▬ ▬ ▬ ▬ ▬ ▬ ▬ ▬ ▬ ▬ ▬ ▬ ▬ ▬ ▬ ▬ ▬ ▬ ▬ ▬ ▬ ▬ ▬ ▬ ▬ ▬ ▬ ▬ ▬ ▬ ▬ ▬ ▬ ▬ ▬ ▬ ▬ ▬ ▬ ▬ ▬ ▬ ▬ ▬ ▬ ▬ ▬ ▬ ▬ ▬ ▬ ▬ ▬ ▬ ▬ ▬ ▬ ▬ ▬ ▬ ▬ ▬ ▬ ▬ ▬ ▬ ▬ ▬ ▬ ▬ ▬ ▬ ▬ ▬ ▬ ▬ ▬ ▬ ▬ ▬ ▬ ▬ ▬ ▬ ▬ ▬ ▬ ▬ ▬ ▬ ▬ ▬ ▬ ▬ ▬ ▬ ▬ ▬ ▬ ▬ ▬ ▬ ▬ ▬ ▬ ▬ ▬ ▬ ▬ ▬ ▬ ▬ ▬ ▬ ▬ ▬ ▬ ▬ ▬ ▬ ▬ ▬ ▬ ▬ ▬ ▬ ▬ ▬ ▬ ▬ ▬ ▬ ▬ ▬ ▬ ▬ ▬ ▬ ▬ ▬ ▬ ▬ ▬ ▬ ▬ ▬ ▬ ▬ ▬ ▬ ▬ ▬ ▬ ▬ ▬ ▬ ▬ ▬ ▬ ▬ ▬ ▬ ▬ ▬ ▬ ▬ ▬ ▬ ▬ ▬ ▬ ▬ ▬ ▬ ▬ ▬ ▬ ▬ ▬ ▬ ▬ ▬ ▬ ▬ ▬ ▬ ▬ ▬ ▬ ▬ ▬ ▬ ▬ ▬ ▬ ▬ ▬ ▬ ▬ ▬ ▬ ▬ ▬ ▬ ▬ ▬ ▬ ▬ ▬ ▬ ▬ ▬ ▬ ▬ ▬ ▬ ▬ ▬ ▬ ▬ ▬ ▬ ▬ ▬ ▬ ▬ ▬ ▬ ▬ ▬ ▬ ▬ ▬ ▬ ▬ ▬ ▬ ▬ ▬ ▬ ▬ ▬ ▬ ▬ ▬ ▬ ▬ ▬ ▬ ▬ ▬ ▬ ▬ ▬ ▬ ▬ ▬ ▬ ▬ ▬ ▬ ▬ ▬ ▬ ▬ ▬ ▬ ▬ ▬ ▬ ▬ ▬ ▬ ▬ ▬ ▬ ▬ ▬ ▬ ▬ ▬ ▬ ▬ ▬ ▬ ▬ ▬ ▬ ▬ ▬ ▬ ▬ ▬ ▬ ▬ ▬ ▬ ▬ ▬ ▬ ▬ ▬ ▬ ▬ ▬ ▬ ▬ ▬ ▬ ▬ ▬ ▬ ▬ ▬ ▬ ▬ ▬ ▬ ▬ ▬ ▬ ▬ ▬ ▬ ▬ ▬ ▬ ▬ ▬ ▬ ▬ ▬ ▬ ▬ ▬ ▬ ▬ ▬ ▬ ▬ ▬ ▬ ▬ ▬ ▬ ▬ ▬ ▬ ▬ ▬ ▬ ▬ ▬ ▬ ▬ ▬ ▬ ▬ ▬ ▬ ▬ ▬ ▬ ▬ ▬ ▬ ▬ ▬ ▬ ▬ ▬ ▬ ▬ ▬ ▬ ▬ ▬ ▬ ▬ ▬ ▬ ▬ ▬ ▬ ▬ ▬ ▬ ▬ ▬ ▬ ▬ ▬ ▬ ▬ ▬ ▬ ▬ ▬ ▬ ▬ ▬ ▬ ▬ ▬ ▬ ▬ ▬ ▬ ▬ ▬ ▬ ▬ ▬ ▬ ▬ ▬ ▬ ▬ ▬ ▬ ▬ ▬ ▬ ▬ ▬ ▬ ▬ ▬ ▬ ▬ ▬ ▬ ▬ ▬ ▬ ▬ ▬ ▬ ▬ ▬ ▬ ▬ ▬ ▬ ▬ ▬ ▬ ▬ ▬ ▬ ▬ ▬ ▬ ▬ ▬ ▬ ▬ ▬ ▬ ▬ ▬ ▬ ▬ ▬ ▬ ▬ ▬ ▬ ▬ ▬ ▬ ▬ ▬ ▬ ▬ ▬ ▬ ▬ ▬ ▬ ▬ ▬ ▬ ▬ ▬ ▬ ▬ ▬ ▬ ▬ ▬ ▬ ▬ ▬ ▬ ▬ ▬ ▬ ▬ ▬ ▬ ▬ ▬ ▬ ▬ ▬ ▬ ▬ ▬ ▬ ▬ ▬ ▬ ▬ ▬ ▬ ▬ ▬ ▬ ▬ ▬ ▬ ▬ ▬ ▬ ▬ ▬ ▬ ▬ ▬ ▬ ▬ ▬ ▬ ▬ ▬ ▬ ▬ ▬ ▬ ▬ ▬ ▬ ▬ ▬ ▬ ▬ ▬ ▬ ▬ ▬ ▬ ▬ ▬ ▬ ▬ ▬ ▬ ▬ ▬ ▬ ▬ ▬ ▬ ▬ ▬ ▬ ▬ ▬ ▬ ▬ ▬ ▬ ▬ ▬ ▬ ▬ ▬ ▬ ▬ ▬ ▬ ▬ ▬ ▬ ▬ ▬ ▬ ▬ ▬ ▬ ▬ ▬ ▬ ▬ ▬ ▬ ▬ ▬ ▬ ▬ ▬ ▬ ▬ ▬ ▬ ▬ ▬ ▬ ▬ ▬ ▬ ▬ ▬ ▬ ▬ ▬ ▬ ▬ ▬ ▬ ▬ ▬ ▬ ▬ ▬ ▬ ▬ ▬ ▬ ▬ ▬ ▬ ▬ ▬ ▬ ▬ ▬ ▬ ▬ ▬ ▬ ▬ ▬ ▬ ▬ ▬ ▬ ▬ ▬ ▬ ▬ ▬ ▬ ▬ ▬ ▬ ▬ ▬ ▬ ▬ ▬ ▬ ▬ ▬ ▬ ▬ ▬ ▬ ▬ ▬ ▬ ▬ ▬ ▬ ▬ ▬ ▬ ▬ ▬ ▬ ▬ ▬ ▬ ▬ ▬ ▬ ▬ ▬ ▬ ▬ ▬ ▬ ▬ ▬ ▬ ▬ ▬ ▬ ▬ ▬ ▬ ▬ ▬ ▬ ▬ ▬ ▬ ▬ ▬ ▬ ▬ ▬ ▬ ▬ ▬ ▬ ▬ ▬ ▬ ▬ ▬ ▬ ▬ ▬ ▬ ▬ ▬ ▬ ▬ ▬ ▬ ▬ ▬ ▬ ▬ ▬ ▬ ▬ ▬ ▬ ▬ ▬ ▬ ▬ ▬ ▬ ▬ ▬ ▬ ▬ ▬ ▬ ▬ ▬ ▬ ▬ ▬ ▬ ▬ ▬ ▬ ▬ ▬ ▬	Engagement des travaux 2022
Chantiers	Descriptif	Calendrier
3. OPERATEURS		
Devenir d'un opérateur	▬ ▬ ▬ ▬ ▬ ▬ ▬ ▬ ▬ ▬ ▬ ▬ ▬ ▬ ▬ ▬ ▬ ▬ ▬ ▬ ▬ ▬ ▬ ▬ ▬ ▬ ▬ ▬ ▬ ▬ ▬ ▬ ▬ ▬ ▬ ▬ ▬ ▬ ▬ ▬ ▬ ▬ ▬ ▬ ▬ ▬ ▬ ▬ ▬ ▬ ▬ ▬ ▬ ▬ ▬ ▬ ▬ ▬ ▬ ▬ ▬ ▬ ▬ ▬ ▬ ▬ ▬ ▬ ▬ ▬ ▬ ▬ ▬ ▬ ▬ ▬ ▬ ▬ ▬ ▬ ▬ ▬ ▬ ▬ ▬ ▬ ▬ ▬ ▬ ▬ ▬ ▬ ▬ ▬ ▬ ▬ ▬ ▬ ▬ ▬ ▬ ▬ ▬ ▬ ▬ ▬ ▬ ▬ ▬ ▬ ▬ ▬ ▬ ▬ ▬ ▬ ▬ ▬ ▬ ▬ ▬ ▬ ▬ ▬ ▬ ▬ ▬ ▬ ▬ ▬ ▬ ▬ ▬ ▬ ▬ ▬ ▬ ▬ ▬ ▬ ▬ ▬ ▬ ▬ ▬ ▬ ▬ ▬ ▬ ▬ ▬ ▬ ▬ ▬ ▬ ▬ ▬ ▬ ▬ ▬ ▬ ▬ ▬ ▬ ▬ ▬ ▬ ▬ ▬ ▬ ▬ ▬ ▬ ▬ ▬ ▬ ▬ ▬ ▬ ▬ ▬ ▬ ▬ ▬ ▬ ▬ ▬ ▬ ▬ ▬ ▬ ▬ ▬ ▬ ▬ ▬ ▬ ▬ ▬ ▬ ▬ ▬ ▬ ▬ ▬ ▬ ▬ ▬ ▬ ▬ ▬ ▬ ▬ ▬ ▬ ▬ ▬ ▬ ▬ ▬ ▬ ▬ ▬ ▬ ▬ ▬ ▬ ▬ ▬ ▬ ▬ ▬ ▬ ▬ ▬ ▬ ▬ ▬ ▬ ▬ ▬ ▬ ▬ ▬ ▬ ▬ ▬ ▬ ▬ ▬ ▬ ▬ ▬ ▬ ▬ ▬ ▬ ▬ ▬ ▬ ▬ ▬ ▬ ▬ ▬ ▬ ▬ ▬ ▬ ▬ ▬ ▬ ▬ ▬ ▬ ▬ ▬ ▬ ▬ ▬ ▬ ▬ ▬ ▬ ▬ ▬ ▬ ▬ ▬ ▬ ▬ ▬ ▬ ▬ ▬ ▬ ▬ ▬ ▬ ▬ ▬ ▬ ▬ ▬ ▬ ▬ ▬ ▬ ▬ ▬ ▬ ▬ ▬ ▬ ▬ ▬ ▬ ▬ ▬ ▬ ▬ ▬ ▬ ▬ ▬ ▬ ▬ ▬ ▬ ▬ ▬ ▬ ▬ ▬ ▬ ▬ ▬ ▬ ▬ ▬ ▬ ▬ ▬ ▬ ▬ ▬ ▬ ▬ ▬ ▬ ▬ ▬ ▬ ▬ ▬ ▬ ▬ ▬ ▬ ▬ ▬ ▬ ▬ ▬ ▬ ▬ ▬ ▬ ▬ ▬ ▬ ▬ ▬ ▬ ▬ ▬ ▬ ▬ ▬ ▬ ▬ ▬ ▬ ▬ ▬ ▬ ▬ ▬ ▬ ▬ ▬ ▬ ▬ ▬ ▬ ▬ ▬ ▬ ▬ ▬ ▬ ▬ ▬ ▬ ▬ ▬ ▬ ▬ ▬ ▬ ▬ ▬ ▬ ▬ ▬ ▬ ▬ ▬ ▬ ▬ ▬ ▬ ▬ ▬ ▬ ▬	2020
Situation de l'établissement	▬ ▬ ▬ ▬ ▬ ▬ ▬ ▬ ▬ ▬ ▬ ▬ ▬ ▬ ▬ ▬ ▬ ▬ ▬ ▬ ▬ ▬ ▬ ▬ ▬ ▬ ▬ ▬ ▬ ▬ ▬ ▬ ▬ ▬ ▬ ▬ ▬ ▬ ▬ ▬ ▬ ▬ ▬ ▬ ▬ ▬ ▬ ▬ ▬ ▬ ▬ ▬ ▬ ▬ ▬ ▬ ▬ ▬ ▬ ▬ ▬ ▬ ▬ ▬ ▬ ▬ ▬ ▬ ▬ ▬ ▬ ▬ ▬ ▬ ▬ ▬ ▬ ▬ ▬ ▬ ▬ ▬ ▬ ▬ ▬ ▬ ▬ ▬ ▬ ▬ ▬ ▬ ▬ ▬ ▬ ▬ ▬ ▬ ▬ ▬ ▬ ▬ ▬ ▬ ▬ ▬ ▬ ▬ ▬ ▬ ▬ ▬ ▬ ▬ ▬ ▬ ▬ ▬ ▬ ▬ ▬ ▬ ▬ ▬ ▬ ▬ ▬ ▬ ▬ ▬ ▬ ▬ ▬ ▬ ▬ ▬ ▬ ▬ ▬ ▬ ▬ ▬ ▬ ▬ ▬ ▬ ▬ ▬ ▬ ▬ ▬ ▬ ▬ ▬ ▬ ▬ ▬ ▬ ▬ ▬ ▬ ▬ ▬ ▬ ▬ ▬ ▬ ▬ ▬ ▬ ▬ ▬ ▬ ▬ ▬ ▬ ▬ ▬ ▬ ▬ ▬ ▬ ▬ ▬ ▬ ▬ ▬ ▬ ▬ ▬ ▬ ▬ ▬ ▬ ▬ ▬ ▬ ▬ ▬ ▬ ▬ ▬ ▬ ▬ ▬ ▬ ▬ ▬ ▬ ▬ ▬ ▬ ▬ ▬ ▬ ▬ ▬ ▬ ▬ ▬ ▬ ▬ ▬ ▬ ▬ ▬ ▬ ▬ ▬ ▬ ▬ ▬ ▬ ▬ ▬ ▬ ▬ ▬ ▬ ▬ ▬ ▬ ▬ ▬ ▬ ▬ ▬ ▬ ▬ ▬ ▬ ▬ ▬ ▬ ▬ ▬ ▬ ▬ ▬ ▬ ▬ ▬ ▬ ▬ ▬ ▬ ▬ ▬ ▬ ▬ ▬ ▬ ▬ ▬ ▬ ▬ ▬ ▬ ▬ ▬ ▬ ▬ ▬ ▬ ▬ ▬ ▬ ▬ ▬ ▬ ▬ ▬ ▬ ▬ ▬ ▬ ▬ ▬ ▬ ▬ ▬ ▬ ▬ ▬ ▬ ▬ ▬ ▬ ▬ ▬ ▬ ▬ ▬ ▬ ▬ ▬ ▬ ▬ ▬ ▬ ▬ ▬ ▬ ▬ ▬ ▬ ▬ ▬ ▬ ▬ ▬ ▬ ▬ ▬ ▬ ▬ ▬ ▬ ▬ ▬ ▬ ▬ ▬ ▬ ▬ ▬ ▬ ▬ ▬ ▬ ▬ ▬ ▬ ▬ ▬ ▬ ▬ ▬ ▬ ▬ ▬ ▬ ▬ ▬ ▬ ▬ ▬ ▬ ▬ ▬ ▬ ▬ ▬ ▬ ▬ ▬ ▬ ▬ ▬ ▬ ▬ ▬ ▬ ▬ ▬ ▬ ▬ ▬ ▬ ▬ ▬	2020-2022
Valorisation des agents des opérateurs	▬ ▬ ▬ ▬ ▬ ▬ ▬ ▬ ▬ ▬ ▬ ▬ ▬ ▬ ▬ ▬ ▬ ▬ ▬ ▬ ▬ ▬ ▬ ▬ ▬ ▬ ▬ ▬ ▬ ▬ ▬ ▬ ▬ ▬ ▬ ▬ ▬ ▬ ▬ ▬ ▬ ▬ ▬ ▬ ▬ ▬ ▬ ▬ ▬ ▬ ▬ ▬ ▬ ▬ ▬ ▬ ▬ ▬ ▬ ▬ ▬ ▬ ▬ ▬ ▬ ▬ ▬ ▬ ▬ ▬ ▬ ▬ ▬ ▬ ▬ ▬ ▬ ▬ ▬ ▬ ▬ ▬ ▬ ▬ ▬ ▬ ▬ ▬ ▬ ▬ ▬ ▬ ▬ ▬ ▬ ▬ ▬ ▬ ▬ ▬ ▬ ▬ ▬ ▬ ▬ ▬ ▬ ▬ ▬ ▬ ▬ ▬ ▬ ▬ ▬ ▬ ▬ ▬ ▬ ▬ ▬ ▬ ▬ ▬ ▬ ▬ ▬ ▬ ▬ ▬ ▬ ▬ ▬ ▬ ▬ ▬ ▬ ▬ ▬ ▬ ▬ ▬ ▬ ▬ ▬ ▬ ▬ ▬ ▬ ▬ ▬ ▬ ▬ ▬ ▬ ▬ ▬ ▬ ▬ ▬ ▬ ▬ ▬ ▬ ▬ ▬ ▬ ▬ ▬ ▬ ▬ ▬ ▬ ▬ ▬ ▬ ▬ ▬ ▬ ▬ ▬ ▬ ▬ ▬ ▬ ▬ ▬ ▬ ▬ ▬ ▬ ▬ ▬ ▬ ▬ ▬ ▬ ▬ ▬ ▬ ▬ ▬ ▬ ▬ ▬ ▬ ▬ ▬ ▬ ▬ ▬ ▬ ▬ ▬ ▬ ▬ ▬ ▬ ▬ ▬ ▬ ▬ ▬ ▬ ▬ ▬ ▬ ▬ ▬ ▬ ▬ ▬ ▬ ▬ ▬ ▬ ▬ ▬ ▬ ▬ ▬ ▬ ▬ ▬ ▬ ▬ ▬ ▬ ▬ ▬ ▬ ▬ ▬ ▬ ▬ ▬ ▬ ▬ ▬ ▬ ▬ ▬ ▬ ▬ ▬ ▬ ▬ ▬ ▬ ▬ ▬ ▬ ▬ ▬ ▬ ▬ ▬ ▬ ▬ ▬ ▬ ▬ ▬ ▬ ▬ ▬ ▬ ▬ ▬ ▬ ▬ ▬ ▬ ▬ ▬ ▬ ▬ ▬ ▬ ▬ ▬ ▬ ▬ ▬ ▬ ▬ ▬ ▬ ▬ ▬ ▬ ▬ ▬ ▬ ▬ ▬ ▬ ▬ ▬ ▬ ▬ ▬ ▬ ▬ ▬ ▬ ▬ ▬ ▬ ▬ ▬	2022
Chantiers	Descriptif	Calendrier
4. CHANTIERS TRANSVERSAUX		
Protection fonctionnelle	▬ ▬ ▬ ▬ ▬ ▬ ▬ ▬ ▬ ▬ ▬ ▬ ▬ ▬ ▬ ▬ ▬ ▬ ▬ ▬ ▬ ▬ ▬ ▬ ▬ ▬ ▬ ▬ ▬ ▬ ▬ ▬ ▬ ▬ ▬ ▬ ▬ ▬ ▬ ▬ ▬ ▬ ▬ ▬ ▬ ▬ ▬ ▬ ▬ ▬ ▬ ▬ ▬ ▬ ▬ ▬ ▬ ▬ ▬ ▬ ▬ ▬ ▬ ▬ ▬ ▬ ▬ ▬ ▬ ▬ ▬ ▬ ▬ ▬ ▬ ▬ ▬ ▬ ▬ ▬ ▬ ▬ ▬ ▬ ▬ ▬ ▬ ▬ ▬ ▬ ▬ ▬ ▬ ▬ ▬ ▬ ▬ ▬ ▬ ▬ ▬ ▬ ▬ ▬ ▬ ▬ ▬ ▬ ▬ ▬ ▬ ▬ ▬ ▬ ▬ ▬ ▬ ▬ ▬ ▬ ▬ ▬ ▬ ▬ ▬ ▬ ▬ ▬ ▬ ▬ ▬ ▬ ▬ ▬ ▬ ▬ ▬ ▬ ▬ ▬ ▬ ▬ ▬ ▬ ▬ ▬ ▬ ▬ ▬ ▬ ▬ ▬ ▬ ▬ ▬ ▬ ▬ ▬ ▬ ▬ ▬ ▬ ▬ ▬ ▬ ▬ ▬ ▬ ▬ ▬ ▬ ▬ ▬ ▬ ▬ ▬ ▬ ▬ ▬ ▬ ▬ ▬ ▬ ▬ ▬ ▬ ▬ ▬ ▬ ▬ ▬ ▬ ▬ ▬ ▬ ▬ ▬ ▬ ▬ ▬ ▬ ▬ ▬ ▬ ▬ ▬ ▬ ▬ ▬ ▬ ▬ ▬ ▬ ▬ ▬ ▬ ▬ ▬ ▬ ▬ ▬ ▬ ▬ ▬ ▬ ▬ ▬ ▬ ▬ ▬ ▬ ▬ ▬ ▬ ▬ ▬ ▬ ▬ ▬ ▬ ▬ ▬ ▬ ▬ ▬ ▬ ▬ ▬ ▬ ▬ ▬ ▬ ▬ ▬ ▬ ▬ ▬ ▬ ▬ ▬ ▬ ▬ ▬ ▬ ▬ ▬ ▬ ▬ ▬ ▬ ▬ ▬ ▬ ▬ ▬ ▬ ▬ ▬ ▬ ▬ ▬ ▬ ▬ ▬ ▬ ▬ ▬ ▬ ▬ ▬ ▬ ▬ ▬ ▬ ▬ ▬ ▬ ▬ ▬ ▬ ▬ ▬ ▬ ▬ ▬ ▬ ▬ ▬ ▬ ▬ ▬ ▬ ▬ ▬ ▬ ▬ ▬ ▬ ▬ ▬ ▬ ▬ ▬ ▬ ▬ ▬ ▬ ▬ ▬ ▬ ▬ ▬ ▬ ▬ ▬ ▬ ▬ ▬ ▬ ▬ ▬ ▬ ▬ ▬ ▬ ▬ ▬ ▬ ▬ ▬ ▬ ▬ ▬ ▬ ▬ ▬ ▬ ▬ ▬ ▬ ▬ ▬ ▬ ▬ ▬ ▬ ▬ ▬ ▬ ▬ ▬ ▬ ▬ ▬ ▬ ▬ ▬ ▬ ▬ ▬ ▬ ▬ ▬ ▬ ▬ ▬ ▬ ▬ ▬ ▬ ▬ ▬ ▬ ▬ ▬ ▬ ▬ ▬ ▬ ▬ ▬ ▬ ▬ ▬ ▬ ▬ ▬ ▬ ▬ ▬ ▬ ▬ ▬ ▬ ▬ ▬ ▬ ▬ ▬ ▬ ▬ ▬ ▬ ▬ ▬ ▬ ▬ ▬ ▬ ▬ ▬ ▬ ▬ ▬ ▬ ▬ ▬ ▬ ▬ ▬ ▬ ▬ ▬ ▬ ▬ ▬ ▬ ▬ ▬ ▬ ▬ ▬ ▬ ▬ ▬ ▬ ▬ ▬ ▬ ▬ ▬ ▬ ▬ ▬ ▬ ▬ ▬ ▬ ▬ ▬ ▬ ▬ ▬ ▬ ▬ ▬ ▬ ▬ ▬ ▬ ▬ ▬ ▬ ▬ ▬ ▬ ▬ ▬ ▬ ▬ ▬ ▬ ▬ ▬ ▬ ▬ ▬ ▬ ▬ ▬ ▬ ▬ ▬ ▬ ▬ ▬ ▬ ▬ ▬ ▬ ▬ ▬ ▬ ▬ ▬ ▬ ▬ ▬ ▬ ▬ ▬ ▬ ▬ ▬ ▬ ▬ ▬ ▬ ▬ ▬ ▬ ▬ ▬ ▬ ▬ ▬ ▬ ▬ ▬ ▬ ▬ ▬ ▬ ▬ ▬ ▬ ▬ ▬ ▬ ▬ ▬ ▬ ▬ ▬ ▬ ▬ ▬ ▬ ▬ ▬ ▬ ▬ ▬ ▬ ▬ ▬ ▬ ▬ ▬ ▬ ▬ ▬ ▬ ▬ ▬ ▬ ▬ ▬ ▬ ▬ ▬ ▬ ▬ ▬ ▬ ▬ ▬ ▬ ▬ ▬ ▬ ▬ ▬ ▬ ▬ ▬ ▬ ▬ ▬ ▬ ▬ ▬ ▬ ▬ ▬ ▬ ▬ ▬ ▬ ▬ ▬ ▬ ▬ ▬ ▬ ▬ ▬ ▬ ▬ ▬ ▬ ▬ ▬ ▬ ▬ ▬ ▬ ▬ ▬ ▬ ▬ ▬ ▬ ▬ ▬ ▬ ▬ ▬ ▬ ▬ ▬ ▬ ▬ ▬ ▬ ▬ ▬ ▬ ▬ ▬ ▬ ▬ ▬ ▬ ▬ ▬ ▬ ▬ ▬ ▬ ▬ ▬ ▬ ▬ ▬ ▬ ▬ ▬ ▬ ▬ ▬ ▬ ▬ ▬ ▬ ▬ ▬ ▬ ▬ ▬ ▬ ▬ ▬ ▬ ▬ ▬ ▬ ▬ ▬ ▬ ▬ ▬ ▬ ▬ ▬ ▬ ▬ ▬ ▬ ▬ ▬ ▬ ▬ ▬ ▬ ▬ ▬ ▬ ▬ ▬ ▬ ▬ ▬ ▬ ▬ ▬ ▬ ▬ ▬ ▬ ▬ ▬ ▬ ▬ ▬ ▬ ▬ ▬ ▬ ▬ ▬ ▬ ▬ ▬ ▬ ▬ ▬ ▬ ▬ ▬ ▬ ▬ ▬ ▬ ▬ ▬ ▬ ▬ ▬ ▬ ▬ ▬ ▬ ▬ ▬ ▬ ▬ ▬ ▬ ▬ ▬ ▬ ▬ ▬ ▬ ▬ ▬ ▬ ▬ ▬ ▬ ▬ ▬ ▬ ▬ ▬ ▬ ▬ ▬ ▬ ▬ ▬ ▬ ▬ ▬ ▬ ▬ ▬ ▬ ▬ ▬ ▬ ▬ ▬ ▬ ▬ ▬ ▬ ▬ ▬ ▬ ▬ ▬ ▬ ▬ ▬ ▬ ▬ ▬ ▬ ▬ ▬ ▬ ▬ ▬ ▬ ▬ ▬ ▬ ▬	Engagement des travaux 2ème semestre 2020
Mise en œuvre des chantiers issus de la loi de transformation de la fonction publique	▬ ▬ ▬ ▬ ▬ ▬ ▬ ▬ ▬ ▬ ▬ ▬ ▬ ▬ ▬ ▬ ▬ ▬ ▬ ▬ ▬ ▬ ▬ ▬ ▬ ▬ ▬ ▬ ▬ ▬ ▬ ▬ ▬ ▬ ▬ ▬ ▬ ▬ ▬ ▬ ▬ ▬ ▬ ▬ ▬ ▬ ▬ ▬ ▬ ▬ ▬ ▬ ▬ ▬ ▬ ▬ ▬ ▬ ▬ ▬ ▬ ▬ ▬ ▬ ▬ ▬ ▬ ▬ ▬ ▬ ▬ ▬ ▬ ▬ ▬ ▬ ▬ ▬ ▬ ▬ ▬ ▬ ▬ ▬ ▬ ▬ ▬ ▬ ▬ ▬ ▬ ▬ ▬ ▬ ▬ ▬ ▬ ▬ ▬ ▬ ▬ ▬ ▬ ▬ ▬ ▬ ▬ ▬ ▬ ▬ ▬ ▬ ▬ ▬ ▬ ▬ ▬ ▬ ▬ ▬ ▬ ▬ ▬ ▬ ▬ ▬ ▬ ▬ ▬ ▬ ▬ ▬ ▬ ▬ ▬ ▬ ▬ ▬ ▬ ▬ ▬ ▬ ▬ ▬ ▬ ▬ ▬ ▬ ▬ ▬ ▬ ▬ ▬ ▬ ▬ ▬ ▬ ▬ ▬ ▬ ▬ ▬ ▬ ▬ ▬ ▬ ▬ ▬ ▬ ▬ ▬ ▬ ▬ ▬ ▬ ▬ ▬ ▬ ▬ ▬ ▬ ▬ ▬ ▬ ▬ ▬ ▬ ▬ ▬ ▬ ▬ ▬ ▬ ▬ ▬ ▬ ▬ ▬ ▬ ▬ ▬ ▬ ▬ ▬ ▬ ▬ ▬ ▬ ▬ ▬ ▬ ▬ ▬ ▬ ▬ ▬ ▬ ▬ ▬ ▬ ▬ ▬ ▬ ▬ ▬ ▬ ▬ ▬ ▬ ▬ ▬ ▬ ▬ ▬ ▬ ▬ ▬ ▬ ▬ ▬ ▬ ▬ ▬ ▬ ▬ ▬ ▬ ▬ ▬ ▬ ▬ ▬ ▬ ▬ ▬ ▬ ▬ ▬ ▬ ▬ ▬ ▬ ▬ ▬ ▬ ▬ ▬ ▬ ▬ ▬ ▬ ▬ ▬ ▬ ▬ ▬ ▬ ▬ ▬ ▬ ▬ ▬ ▬ ▬ ▬ ▬ ▬ ▬ ▬ ▬ ▬ ▬ ▬ ▬ ▬ ▬ ▬ ▬ ▬ ▬ ▬ ▬ ▬ ▬ ▬ ▬ ▬ ▬ ▬ ▬ ▬ ▬ ▬ ▬ ▬ ▬ ▬ ▬ ▬ ▬ ▬ ▬ ▬ ▬ ▬ ▬ ▬ ▬ ▬ ▬ ▬ ▬ ▬ ▬ ▬ ▬ ▬ ▬ ▬ ▬ ▬ ▬ ▬ ▬ ▬ ▬ ▬ ▬ ▬ ▬ ▬ ▬ ▬ ▬ ▬ ▬ ▬ ▬ ▬ ▬ ▬ ▬ ▬ ▬ ▬ ▬ ▬ ▬ ▬ ▬ ▬ ▬ ▬ ▬ ▬ ▬ ▬ ▬ ▬ ▬ ▬ ▬ ▬ ▬ ▬ ▬ ▬ ▬ ▬ ▬ ▬ ▬ ▬ ▬ ▬ ▬ ▬ ▬ ▬ ▬ ▬ ▬ ▬ ▬ ▬ ▬ ▬ ▬ ▬ ▬ ▬ ▬ ▬ ▬ ▬ ▬ ▬ ▬ ▬ ▬ ▬ ▬ ▬ ▬ ▬ ▬ ▬ ▬ ▬ ▬ ▬ ▬ ▬ ▬ ▬ ▬ ▬ ▬ ▬ ▬ ▬ ▬ ▬ ▬ ▬ ▬ ▬ ▬ ▬ ▬ ▬ ▬ ▬ ▬ ▬ ▬ ▬ ▬ ▬ ▬ ▬ ▬ ▬ ▬ ▬ ▬ ▬ ▬ ▬ ▬ ▬ ▬ ▬ ▬ ▬ ▬ ▬ ▬ ▬ ▬ ▬ ▬ ▬ ▬ ▬ ▬ ▬ ▬ ▬ ▬ ▬ ▬ ▬ ▬ ▬ ▬ ▬ ▬ ▬ ▬ ▬ ▬ ▬ ▬ ▬ ▬ ▬ ▬ ▬ ▬ ▬ ▬ ▬ ▬ ▬ ▬ ▬ ▬ ▬ ▬ ▬ ▬ ▬ ▬ ▬ ▬ ▬ ▬ ▬ ▬ ▬ ▬ ▬ ▬ ▬ ▬ ▬ ▬ ▬ ▬ ▬ ▬ ▬ ▬ ▬ ▬ ▬ ▬ ▬ ▬ ▬ ▬ ▬ ▬ ▬ ▬ ▬ ▬ ▬ ▬ ▬ ▬ ▬ ▬ ▬ ▬ ▬ ▬ ▬ ▬ ▬ ▬ ▬ ▬ ▬ ▬ ▬ ▬ ▬ ▬ ▬ ▬ ▬ ▬ ▬ ▬ ▬ ▬ ▬ ▬ ▬ ▬ ▬ ▬ ▬ ▬ ▬ ▬ ▬ ▬ ▬ ▬ ▬ ▬ ▬ ▬ ▬ ▬ ▬ ▬ ▬ ▬ ▬ ▬ ▬ ▬ ▬ ▬ ▬ ▬ ▬ ▬ ▬ ▬ ▬ ▬ ▬ ▬ ▬ ▬ ▬ ▬ ▬ ▬ ▬ ▬ ▬ ▬ ▬ ▬ ▬ ▬ ▬ ▬ ▬ ▬ ▬ ▬ ▬ ▬ ▬ ▬ ▬ ▬ ▬ ▬ ▬ ▬ ▬ ▬ ▬ ▬ ▬ ▬ ▬ ▬ ▬ ▬ ▬ ▬ ▬ ▬ ▬ ▬ ▬ ▬ ▬ ▬ ▬ ▬ ▬ ▬ ▬ ▬ ▬ ▬ ▬ ▬ ▬ ▬ ▬ ▬ ▬ ▬ ▬ ▬ ▬ ▬ ▬ ▬ ▬ ▬ ▬ ▬ ▬ ▬ ▬ ▬ ▬ ▬ ▬ ▬ ▬ ▬ ▬ ▬ ▬ ▬ ▬ ▬ ▬ ▬ ▬ ▬ ▬ ▬ ▬ ▬ ▬ ▬ ▬ ▬ ▬ ▬ ▬ ▬ ▬ ▬ ▬ ▬ ▬ ▬ ▬ ▬ ▬ ▬ ▬ ▬ ▬ ▬ ▬ ▬ ▬ ▬ ▬ ▬ ▬ ▬ ▬ ▬ ▬ ▬ ▬ ▬ ▬ ▬ ▬ ▬ ▬ ▬ ▬ ▬ ▬ ▬ ▬ ▬ ▬ ▬ ▬ ▬ ▬ ▬ ▬ ▬ ▬ ▬ ▬ ▬ ▬ ▬ ▬ ▬ ▬ ▬ ▬ ▬ ▬ ▬ ▬ ▬ ▬ ▬ ▬ ▬ ▬ ▬ ▬ ▬ ▬ ▬ ▬ ▬ ▬ ▬ ▬ ▬ ▬ ▬ ▬ ▬ ▬ ▬ ▬ ▬ ▬ ▬ ▬ ▬ ▬ ▬ ▬ ▬ ▬ ▬ ▬ ▬ ▬ ▬ ▬ ▬ ▬ ▬ ▬ ▬ ▬ ▬ ▬ ▬ ▬ ▬ ▬ ▬ ▬ ▬ ▬ ▬ ▬ ▬ ▬ ▬ ▬ ▬ ▬ ▬ ▬ ▬ ▬ ▬ ▬ ▬ ▬ ▬ ▬ ▬ ▬ ▬ ▬ ▬ ▬ ▬ ▬ ▬ ▬ ▬ ▬ ▬ ▬ ▬ ▬ ▬ ▬ ▬ ▬ ▬ ▬ ▬ ▬ ▬ ▬ ▬ ▬ ▬ ▬ ▬ ▬ ▬ ▬ ▬ ▬ ▬ ▬ ▬ ▬ ▬ ▬ ▬ ▬ ▬ ▬ ▬ ▬ ▬ ▬ ▬ ▬ ▬ ▬ ▬ ▬ ▬ ▬ ▬ ▬ ▬ ▬ ▬ ▬ ▬ ▬ ▬ ▬ ▬ ▬ ▬ ▬ ▬ ▬ ▬ ▬ ▬ ▬ ▬ ▬ ▬ ▬ ▬ ▬ ▬ ▬ ▬ ▬ ▬ ▬ ▬ ▬ ▬ ▬ ▬ ▬ ▬ ▬ ▬ ▬ ▬ ▬ ▬ ▬ ▬ ▬ ▬ ▬ ▬ ▬ ▬ ▬ ▬ ▬ ▬ ▬ ▬ ▬ ▬ ▬ ▬ ▬ ▬ ▬ ▬ ▬ ▬ ▬ ▬ ▬ ▬ ▬ ▬ ▬ ▬ ▬ ▬ ▬ ▬ ▬ ▬ ▬ ▬ ▬ ▬ ▬ ▬ ▬ ▬ ▬ ▬ ▬ ▬ ▬ ▬ ▬ ▬ ▬ ▬ ▬ ▬ ▬ ▬ ▬ ▬ ▬ ▬ ▬ ▬ ▬ ▬ ▬ ▬ ▬ ▬ ▬ ▬ ▬ ▬ ▬ ▬ ▬ ▬ ▬ ▬ ▬ ▬ ▬ ▬ ▬ ▬ ▬ ▬ ▬ ▬ ▬ ▬ ▬ ▬ ▬ ▬ ▬ ▬ ▬ ▬ ▬ ▬ ▬ ▬ ▬ ▬ ▬ ▬ ▬ ▬ ▬ ▬ ▬ ▬ ▬ ▬ ▬ ▬ ▬ ▬ ▬ ▬ ▬ ▬ ▬ ▬ ▬ ▬ ▬ ▬ ▬ ▬ ▬ ▬ ▬ ▬ ▬ ▬ ▬ ▬ ▬ ▬ ▬ ▬ ▬ ▬ ▬ ▬ ▬ ▬ ▬ ▬ ▬ ▬ ▬ ▬ ▬ ▬ ▬ ▬ ▬ ▬ ▬ ▬ ▬ ▬ ▬ ▬ ▬ ▬ ▬ ▬ ▬ ▬ ▬ ▬ ▬ ▬ ▬ ▬ ▬ ▬ ▬ ▬ ▬ ▬ ▬ ▬ ▬ ▬ ▬ ▬ ▬ ▬ ▬ ▬ ▬ ▬ ▬ ▬ ▬ ▬ ▬ ▬ ▬ ▬ ▬ ▬ ▬ ▬ ▬ ▬ ▬ ▬ ▬ ▬ ▬ ▬ ▬ ▬ ▬ ▬ ▬ ▬ ▬ ▬ ▬ ▬ ▬ ▬ ▬ ▬ ▬ ▬ ▬ ▬ ▬ ▬ ▬ ▬ ▬ ▬ ▬ ▬ ▬ ▬ ▬ ▬ ▬ ▬ ▬ ▬ ▬ ▬ ▬ ▬ ▬ ▬ ▬ ▬ ▬ ▬ ▬ ▬ ▬ ▬ ▬ ▬ ▬ ▬ ▬ ▬ ▬ ▬ ▬ ▬ ▬ ▬ ▬ ▬ ▬ ▬ ▬ ▬ ▬ ▬ ▬ ▬ ▬ ▬ ▬ ▬ ▬ ▬ ▬ ▬ ▬ ▬ ▬ ▬ ▬ ▬ ▬ ▬ ▬ ▬ ▬ ▬ ▬ ▬ ▬ ▬ ▬ ▬ ▬ ▬ ▬ ▬ ▬ ▬ ▬ ▬ ▬ ▬ ▬ ▬ ▬ ▬ ▬ ▬ ▬ ▬ ▬ ▬ ▬ ▬ ▬ ▬ ▬ ▬ ▬ ▬ ▬ ▬ ▬ ▬ ▬ ▬ ▬ ▬ ▬ ▬ ▬ ▬ ▬ ▬ ▬ ▬ ▬ ▬ ▬ ▬ ▬ ▬ ▬ ▬ ▬ ▬ ▬ ▬ ▬ ▬ ▬ ▬ ▬ ▬ ▬ ▬ ▬ ▬ ▬ ▬ ▬ ▬ ▬ ▬ ▬ ▬ ▬ ▬ ▬ ▬ ▬ ▬ ▬ ▬ ▬ ▬ ▬ ▬ ▬ ▬ ▬ ▬ ▬ ▬ ▬ ▬ ▬ ▬ ▬ ▬ ▬ ▬ ▬ ▬ ▬ ▬ ▬ ▬ ▬ ▬ ▬ ▬ ▬ ▬ ▬ ▬ ▬ ▬ ▬ ▬ ▬ ▬ ▬ ▬ ▬ ▬ ▬ ▬ ▬ ▬ ▬ ▬ ▬ ▬ ▬ ▬ ▬ ▬ ▬ ▬ ▬ ▬ ▬ ▬ ▬ ▬ ▬ ▬ ▬ ▬ ▬ ▬ ▬ ▬ ▬ ▬ ▬ ▬ ▬ ▬ ▬ ▬ ▬ ▬ ▬ ▬ ▬ ▬ ▬ ▬ ▬ ▬ ▬ ▬ ▬ ▬ ▬ ▬ ▬ ▬ ▬ ▬ ▬ ▬ ▬ ▬ ▬ ▬ ▬ ▬ ▬ ▬ ▬ ▬ ▬ ▬ ▬ ▬ ▬ ▬ ▬ ▬ ▬ ▬ ▬ ▬ ▬ ▬ ▬ ▬ ▬ ▬ ▬ ▬ ▬ ▬ ▬ ▬ ▬ ▬ ▬ ▬ ▬ ▬ ▬ ▬ ▬ ▬ ▬ ▬ ▬ ▬ ▬ ▬ ▬ ▬ ▬ ▬ ▬ ▬ ▬ ▬ ▬ ▬ ▬ ▬ ▬ ▬ ▬ ▬ ▬ ▬ ▬ ▬ ▬ ▬ ▬ ▬ ▬ ▬ ▬ ▬ ▬ ▬ ▬ ▬ ▬ ▬ ▬ ▬ ▬ ▬ ▬ ▬ ▬ ▬ ▬ ▬ ▬ ▬ ▬ ▬ ▬ ▬ ▬ ▬ ▬ ▬ ▬ ▬ ▬ ▬ ▬ ▬ ▬ ▬ ▬ ▬ ▬ ▬ ▬ ▬ ▬ ▬ ▬ ▬ ▬ ▬ ▬ ▬ ▬ ▬ ▬ ▬ ▬ ▬ ▬ ▬ ▬ ▬ ▬ ▬ ▬ ▬ ▬ ▬ ▬ ▬ ▬ ▬ ▬ ▬ ▬ ▬ ▬ ▬ ▬ ▬ ▬ ▬ ▬ ▬ ▬ ▬ ▬ ▬ ▬ ▬ ▬ ▬ ▬ ▬ ▬ ▬ ▬ ▬ ▬ ▬ ▬ ▬ ▬ ▬ ▬ ▬ ▬ ▬ ▬ ▬ ▬ ▬ ▬ ▬ ▬ ▬ ▬ ▬ ▬ ▬ ▬ ▬ ▬ ▬ ▬ ▬ ▬ ▬ ▬ ▬ ▬ ▬ ▬ ▬ ▬ ▬ ▬ ▬ ▬ ▬ ▬ ▬ ▬ ▬ ▬ ▬ ▬ ▬ ▬ ▬ ▬ ▬ ▬ ▬ ▬ ▬ ▬ ▬ ▬ ▬ ▬ ▬ ▬ ▬ ▬ ▬ ▬ ▬ ▬ ▬ ▬ ▬ ▬ ▬ ▬ ▬ ▬ ▬ ▬ ▬ ▬ ▬ ▬ ▬ ▬ ▬ ▬ ▬ ▬ ▬ ▬ ▬ ▬ ▬ ▬ ▬ ▬ ▬ ▬ ▬ ▬ ▬ ▬ ▬ ▬ ▬ ▬ ▬ ▬ ▬ ▬ ▬ ▬ ▬ ▬ ▬ ▬ ▬ ▬ ▬ ▬ ▬ ▬ ▬ ▬ ▬ ▬ ▬ ▬ ▬ ▬ ▬ ▬ ▬ ▬ ▬ ▬ ▬ ▬ ▬ ▬ ▬ ▬ ▬ ▬ ▬ ▬ ▬ ▬ ▬ ▬ ▬ ▬ ▬ ▬ ▬ ▬ ▬ ▬ ▬ ▬ ▬ ▬ ▬ ▬ ▬ ▬ ▬ ▬ ▬ ▬ ▬ ▬ ▬ ▬ ▬ ▬ ▬ ▬ ▬ ▬ ▬ ▬ ▬ ▬ ▬ ▬ ▬ ▬ ▬ ▬ ▬ ▬ ▬ ▬ ▬ ▬ ▬ ▬ ▬ ▬ ▬ ▬ ▬ ▬ ▬ ▬ ▬ ▬ ▬ ▬ ▬ ▬ ▬ ▬ ▬ ▬ ▬ ▬ ▬ ▬ ▬ ▬ ▬ ▬ ▬ ▬ ▬ ▬ ▬ ▬ ▬ ▬ ▬ ▬ ▬ ▬ ▬ ▬ ▬ ▬ ▬ ▬ ▬ ▬ ▬ ▬ ▬ ▬ ▬ ▬ ▬ ▬ ▬ ▬ ▬ ▬ ▬ ▬ ▬ ▬ ▬ ▬ ▬ ▬ ▬ ▬ ▬ ▬ ▬ ▬ ▬ ▬ ▬ ▬ ▬ ▬ ▬ ▬ ▬ ▬ ▬ ▬ ▬ ▬ ▬ ▬ ▬ ▬ ▬ ▬ ▬ ▬ ▬ ▬ ▬ ▬ ▬ ▬ ▬ ▬ ▬ ▬ ▬ ▬ ▬ ▬ ▬ ▬ ▬ ▬ ▬ ▬ ▬ ▬ ▬ ▬ ▬ ▬ ▬ ▬ ▬ ▬ ▬ ▬ ▬ ▬ ▬ ▬ ▬ ▬ ▬ ▬ ▬ ▬ ▬ ▬ ▬ ▬ ▬ ▬ ▬ ▬ ▬ ▬ ▬ ▬ ▬ ▬ ▬ ▬ ▬ ▬ ▬ ▬ ▬ ▬ ▬ ▬ ▬ ▬ ▬ ▬ ▬ ▬ ▬ ▬ ▬ ▬ ▬ ▬ ▬ ▬ ▬ ▬ ▬ ▬ ▬ ▬ ▬ ▬ ▬ ▬ ▬ ▬ ▬ ▬ ▬ ▬ ▬ ▬ ▬ ▬ ▬ ▬ ▬ ▬ ▬ ▬ ▬ ▬ ▬ ▬ ▬ ▬ ▬ ▬ ▬ ▬ ▬ ▬ ▬ ▬ ▬ ▬ ▬ ▬ ▬ ▬ ▬ ▬ ▬ ▬ ▬ ▬ ▬ ▬ ▬ ▬ ▬ ▬ ▬ ▬ ▬ ▬ ▬ ▬ ▬ ▬ ▬ ▬ ▬ ▬ ▬ ▬ ▬ ▬ ▬ ▬ ▬ ▬ ▬ ▬ ▬ ▬ ▬ ▬ ▬ ▬ ▬ ▬ ▬ ▬ ▬ ▬ ▬ ▬ ▬ ▬ ▬ ▬ ▬ ▬ ▬ ▬ ▬ ▬ ▬ ▬ ▬ ▬ ▬ ▬ ▬ ▬ ▬ ▬ ▬ ▬ ▬ ▬ ▬ ▬ ▬ ▬ ▬ ▬ ▬ ▬ ▬ ▬ ▬ ▬ ▬ ▬ ▬ ▬ ▬ ▬ ▬ ▬ ▬ ▬ ▬ ▬ ▬ ▬ ▬ ▬ ▬ ▬ ▬ ▬ ▬ ▬ ▬ ▬ ▬ ▬ ▬ ▬ ▬ ▬ ▬ ▬ ▬ ▬ ▬ ▬ ▬ ▬ ▬ ▬ ▬ ▬ ▬ ▬ ▬ ▬ ▬ ▬ ▬ ▬ ▬ ▬ ▬ ▬ ▬ ▬ ▬ ▬ ▬ ▬ ▬ ▬ ▬ ▬ ▬ ▬ ▬ ▬ ▬ ▬ ▬ ▬ ▬ ▬ ▬ ▬ ▬ ▬ ▬ ▬ ▬ ▬ ▬ ▬ ▬ ▬ ▬ ▬ ▬ ▬ ▬ ▬ ▬ ▬ ▬ ▬ ▬ ▬ ▬ ▬ ▬ ▬ ▬ ▬ ▬ ▬ ▬ ▬ ▬ ▬ ▬ ▬ ▬ ▬ ▬ ▬ ▬ ▬ ▬ ▬ ▬ ▬ ▬ ▬ ▬ ▬ ▬ ▬ ▬ ▬ ▬ ▬ ▬ ▬ ▬ ▬ ▬ ▬ ▬ ▬ ▬ ▬ ▬ ▬ ▬ ▬ ▬ ▬ ▬ ▬ ▬ ▬ ▬ ▬ ▬ ▬ ▬ ▬ ▬ ▬ ▬ ▬ ▬ ▬ ▬ ▬ ▬ ▬ ▬ ▬ ▬ ▬ ▬ ▬ ▬ ▬ ▬ ▬ ▬ ▬ ▬ ▬ ▬ ▬ ▬ ▬ ▬ ▬ ▬ ▬ ▬ ▬ ▬ ▬ ▬ ▬ ▬ ▬ ▬ ▬ ▬ ▬ ▬ ▬ ▬ ▬ ▬ ▬ ▬ ▬ ▬ ▬ ▬ ▬ ▬ ▬ ▬ ▬ ▬ ▬ ▬ ▬ ▬ ▬ ▬ ▬ ▬ ▬ ▬ ▬ ▬ ▬ ▬ ▬ ▬ ▬ ▬ ▬ ▬ ▬ ▬ ▬ ▬ ▬ ▬ ▬ ▬ ▬ ▬ ▬ ▬ ▬ ▬ ▬ ▬ ▬ ▬ ▬ ▬ ▬ ▬ ▬ ▬ ▬ ▬ ▬ ▬ ▬ ▬ ▬ ▬ ▬ ▬ ▬ ▬ ▬ ▬ ▬ ▬ ▬ ▬ ▬ ▬ ▬ ▬ ▬ ▬ ▬ ▬ ▬ ▬ ▬ ▬ ▬ ▬ ▬ ▬ ▬ ▬ ▬ ▬ ▬ ▬ ▬ ▬ ▬ ▬ ▬ ▬ ▬ ▬ ▬ ▬ ▬ ▬ ▬ ▬ ▬ ▬ ▬ ▬ ▬ ▬ ▬ ▬ ▬ ▬ ▬ ▬ ▬ ▬ ▬ ▬ ▬ ▬ ▬ ▬ ▬ ▬ ▬ ▬ ▬ ▬ ▬ ▬ ▬ ▬ ▬ ▬ ▬ ▬ ▬ ▬ ▬ ▬ ▬ ▬ ▬ ▬ ▬ ▬ ▬ ▬ ▬ ▬ ▬ ▬ ▬ ▬ ▬ ▬ ▬ ▬ ▬ ▬ ▬ ▬ ▬ ▬ ▬ ▬ ▬ ▬ ▬ ▬ ▬ ▬ ▬ ▬ ▬ ▬ ▬ ▬ ▬ ▬ ▬ ▬ ▬ ▬ ▬ ▬ ▬ ▬ ▬ ▬ ▬ ▬ ▬ ▬ ▬ ▬ ▬ ▬ ▬ ▬ ▬ ▬ ▬ ▬ ▬ ▬ ▬ ▬ ▬ ▬ ▬ ▬ ▬ ▬ ▬ ▬ ▬ ▬ ▬ ▬ ▬ ▬ ▬ ▬ ▬ ▬ ▬ ▬ ▬ ▬ ▬ ▬ ▬ ▬ ▬ ▬ ▬ ▬ ▬ ▬ ▬ ▬ ▬ ▬ ▬ ▬ ▬ ▬ ▬ ▬ ▬ ▬ ▬ ▬ ▬ ▬ ▬ ▬ ▬ ▬ ▬ ▬ ▬ ▬ ▬ ▬ ▬ ▬ ▬ ▬ ▬ ▬ ▬ ▬ ▬ ▬ ▬ ▬ ▬ ▬ ▬ ▬ ▬ ▬ ▬ ▬ ▬ ▬ ▬ ▬ ▬ ▬ ▬ ▬ ▬ ▬ ▬ ▬ ▬ ▬ ▬ ▬ ▬ ▬ ▬ ▬ ▬ ▬ ▬ ▬ ▬ ▬ ▬ ▬ ▬ ▬ ▬ ▬ ▬ ▬ ▬ ▬ ▬ ▬ ▬ ▬ ▬ ▬ ▬ ▬ ▬ ▬ ▬ ▬ ▬ ▬ ▬ ▬ ▬ ▬ ▬ ▬ ▬ ▬ ▬ ▬ ▬ ▬ ▬ ▬ ▬ ▬ ▬ ▬ ▬ ▬ ▬ ▬ ▬ ▬ ▬ ▬ ▬ ▬ ▬ ▬ ▬ ▬ ▬ ▬ ▬ ▬ ▬ ▬ ▬ ▬ ▬ ▬ ▬ ▬ ▬ ▬ ▬ ▬ ▬ ▬ ▬ ▬ ▬ ▬ ▬ ▬ ▬ ▬ ▬ ▬ ▬ ▬ ▬ ▬ ▬ ▬ ▬ ▬ ▬ ▬ ▬ ▬ ▬ ▬ ▬ ▬ ▬ ▬ ▬ ▬ ▬ ▬ ▬ ▬ ▬ ▬ ▬ ▬ ▬ ▬ ▬ ▬ ▬ ▬ ▬ ▬ ▬ ▬ ▬ ▬ ▬ ▬ ▬ ▬ ▬ ▬ ▬ ▬ ▬ ▬ ▬ ▬ ▬ ▬ ▬ ▬ ▬ ▬ ▬ ▬ ▬ ▬ ▬ ▬ ▬ ▬ ▬ ▬ ▬ ▬ ▬ ▬ ▬ ▬ ▬ ▬ ▬ ▬ ▬ ▬ ▬ ▬ ▬ ▬ ▬ ▬ ▬ ▬ ▬ ▬ ▬ ▬ ▬ ▬ ▬ ▬ ▬ ▬ ▬ ▬ ▬ ▬ ▬ ▬ ▬ ▬ ▬ ▬ ▬ ▬ ▬ ▬ ▬ ▬ ▬ ▬ ▬ ▬ ▬ ▬ ▬ ▬ ▬ ▬ ▬ ▬ ▬ ▬ ▬ ▬ ▬ ▬ ▬ ▬ ▬ ▬ ▬ ▬ ▬ ▬ ▬ ▬ ▬ ▬ ▬ ▬ ▬ ▬ ▬ ▬ ▬ ▬ ▬ ▬ ▬ ▬ ▬ ▬ ▬ ▬ ▬ ▬ ▬ ▬ ▬ ▬ ▬ ▬ ▬ ▬ ▬ ▬ ▬ ▬ ▬ ▬ ▬ ▬ ▬ ▬ ▬ ▬ ▬ ▬ ▬ ▬ ▬ ▬ ▬ ▬ ▬ ▬ ▬ ▬ ▬ ▬ ▬ ▬ ▬ ▬ ▬ ▬ ▬ ▬ ▬ ▬ ▬ ▬ ▬ ▬ ▬ ▬ ▬ ▬ ▬ ▬ ▬ ▬ ▬ ▬ ▬ ▬ ▬ ▬ ▬ ▬ ▬ ▬ ▬ ▬ ▬ ▬ ▬ ▬ ▬ ▬ ▬ ▬ ▬ ▬ ▬ ▬ ▬ ▬ ▬ ▬ ▬ ▬ ▬ ▬ ▬ ▬ ▬ ▬ ▬ ▬ ▬ ▬ ▬ ▬ ▬ ▬ ▬ ▬ ▬ ▬ ▬ ▬ ▬ ▬ ▬ ▬ ▬ ▬ ▬ ▬ ▬ ▬ ▬ ▬ ▬ ▬ ▬ ▬ ▬ ▬ ▬ ▬ ▬ ▬ ▬ ▬ ▬ ▬ ▬ ▬ ▬ ▬ ▬ ▬ ▬ ▬ ▬ ▬ ▬ ▬ ▬ ▬	Fin 2021
RIFSEEP : évolution du dispositif	▬ ▬ ▬ ▬ ▬ ▬ ▬ ▬ ▬ ▬ ▬ ▬ ▬ ▬ ▬ ▬ ▬ ▬ ▬ ▬ ▬ ▬ ▬ ▬ ▬ ▬ ▬ ▬ ▬ ▬ ▬ ▬ ▬ ▬ ▬ ▬ ▬ ▬ ▬ ▬ ▬ ▬ ▬ ▬ ▬ ▬ ▬ ▬ ▬ ▬ ▬ ▬ ▬ ▬ ▬ ▬ ▬ ▬ ▬ ▬ ▬ ▬ ▬ ▬ ▬ ▬ ▬ ▬ ▬ ▬ ▬ ▬ ▬ ▬ ▬ ▬ ▬ ▬ ▬ ▬ ▬ ▬ ▬ ▬ ▬ ▬ ▬ ▬ ▬ ▬ ▬ ▬ ▬ ▬ ▬ ▬ ▬ ▬ ▬ ▬ ▬ ▬ ▬ ▬ ▬ ▬ ▬ ▬ ▬ ▬ ▬ ▬ ▬ ▬ ▬ ▬ ▬ ▬ ▬ ▬ ▬ ▬ ▬ ▬ ▬ ▬ ▬ ▬ ▬ ▬ ▬ ▬ ▬ ▬ ▬ ▬ ▬ ▬ ▬ ▬ ▬ ▬ ▬ ▬ ▬ ▬ ▬ ▬ ▬ ▬ ▬ ▬ ▬ ▬ ▬ ▬ ▬ ▬ ▬ ▬ ▬ ▬ ▬ ▬ ▬ ▬ ▬ ▬ ▬ ▬ ▬ ▬ ▬ ▬ ▬ ▬ ▬ ▬ ▬ ▬ ▬ ▬ ▬ ▬ ▬ ▬ ▬ ▬ ▬ ▬ ▬ ▬ ▬ ▬ ▬ ▬ ▬ ▬ ▬ ▬ ▬ ▬ ▬ ▬ ▬ ▬ ▬ ▬ ▬ ▬ ▬ ▬ ▬ ▬ ▬ ▬ ▬ ▬ ▬ ▬ ▬ ▬ ▬ ▬ ▬ ▬ ▬ ▬ ▬ ▬ ▬ ▬ ▬ ▬ ▬ ▬ ▬ ▬ ▬ ▬ ▬ ▬ ▬ ▬ ▬ ▬ ▬ ▬ ▬ ▬ ▬ ▬ ▬ ▬ ▬ ▬ ▬ ▬ ▬ ▬ ▬ ▬ ▬ ▬ ▬ ▬ ▬ ▬ ▬ ▬ ▬ ▬ ▬ ▬ ▬ ▬ ▬ ▬ ▬ ▬ ▬ ▬ ▬ ▬ ▬ ▬ ▬ ▬ ▬ ▬ ▬ ▬ ▬ ▬ ▬ ▬ ▬ ▬ ▬ ▬ ▬ ▬ ▬ ▬ ▬ ▬ ▬ ▬ ▬ ▬ ▬ ▬ ▬ ▬ ▬ ▬ ▬ ▬ ▬ ▬ ▬ ▬ ▬ ▬ ▬ ▬ ▬ ▬ ▬ ▬ ▬ ▬ ▬ ▬ ▬ ▬ ▬ ▬ ▬ ▬ ▬ ▬ ▬ ▬ ▬ ▬ ▬ ▬ ▬ ▬ ▬ ▬ ▬ ▬ ▬ ▬ ▬ ▬ ▬ ▬ ▬ ▬ ▬ ▬ ▬ ▬ ▬ ▬ ▬ ▬ ▬ ▬ ▬ ▬ ▬ ▬ ▬ ▬ ▬ ▬ ▬ ▬ ▬ ▬ ▬ ▬ ▬ ▬ ▬ ▬ ▬ ▬ ▬ ▬ ▬ ▬ ▬ ▬ ▬ ▬ ▬ ▬ ▬ ▬ ▬ ▬ ▬ ▬ ▬ ▬ ▬ ▬ ▬ ▬ ▬ ▬ ▬ ▬ ▬ ▬ ▬ ▬ ▬ ▬ ▬ ▬ ▬ ▬ ▬ ▬ ▬ ▬ ▬ ▬ ▬ ▬ ▬ ▬ ▬ ▬ ▬ ▬ ▬ ▬ ▬ ▬ ▬ ▬ ▬ ▬ ▬ ▬ ▬ ▬ ▬ ▬ ▬ ▬ ▬ ▬ ▬ ▬ ▬ ▬ ▬ ▬ ▬ ▬ ▬ ▬ ▬ ▬ ▬ ▬ ▬ ▬ ▬ ▬ ▬ ▬ ▬ ▬ ▬ ▬ ▬ ▬ ▬ ▬ ▬ ▬ ▬ ▬ ▬ ▬ ▬ ▬ ▬ ▬ ▬ ▬ ▬ ▬ ▬ ▬ ▬ ▬ ▬ ▬ ▬ ▬ ▬ ▬ ▬ ▬ ▬ ▬ ▬ ▬ ▬ ▬ ▬ ▬ ▬ ▬ ▬ ▬ ▬ ▬ ▬ ▬ ▬ ▬ ▬ ▬ ▬ ▬ ▬ ▬ ▬ ▬ ▬ ▬ ▬ ▬ ▬ ▬ ▬ ▬ ▬ ▬ ▬ ▬ ▬ ▬ ▬ ▬ ▬ ▬ ▬ ▬ ▬ ▬ ▬ ▬ ▬ ▬ ▬ ▬ ▬ ▬ ▬ ▬ ▬ ▬ ▬ ▬ ▬ ▬ ▬ ▬ ▬ ▬ ▬ ▬ ▬ ▬ ▬ ▬ ▬ ▬ ▬ ▬ ▬ ▬ ▬ ▬	2020-2021
Revalorisation des régimes indemnitaires	▬ ▬ ▬ ▬ ▬ ▬ ▬ ▬ ▬ ▬ ▬ ▬ ▬ ▬ ▬ ▬ ▬ ▬ ▬ ▬ ▬ ▬ ▬ ▬ ▬ ▬ ▬ ▬ ▬ ▬ ▬ ▬ ▬ ▬ ▬ ▬ ▬ ▬ ▬ ▬ ▬ ▬ ▬ ▬ ▬ ▬ ▬ ▬ ▬ ▬ ▬ ▬ ▬ ▬ ▬ ▬ ▬ ▬ ▬ ▬ ▬ ▬ ▬ ▬ ▬ ▬ ▬ ▬ ▬ ▬ ▬ ▬ ▬ ▬ ▬ ▬ ▬ ▬ ▬ ▬ ▬ ▬ ▬ ▬ ▬ ▬ ▬ ▬ ▬ ▬ ▬ ▬ ▬ ▬ ▬ ▬ ▬ ▬ ▬ ▬ ▬ ▬ ▬ ▬ ▬ ▬ ▬ ▬ ▬ ▬ ▬ ▬ ▬ ▬ ▬ ▬ ▬ ▬ ▬ ▬ ▬ ▬ ▬ ▬ ▬ ▬ ▬ ▬ ▬ ▬ ▬ ▬ ▬ ▬ ▬ ▬ ▬ ▬ ▬ ▬ ▬ ▬ ▬ ▬ ▬ ▬ ▬ ▬ ▬ ▬ ▬ ▬ ▬ ▬ ▬ ▬ ▬ ▬ ▬ ▬ ▬ ▬ ▬ ▬ ▬ ▬ ▬ ▬ ▬ ▬ ▬ ▬ ▬ ▬ ▬ ▬ ▬ ▬ ▬ ▬ ▬ ▬ ▬ ▬ ▬ ▬ ▬ ▬ ▬ ▬ ▬ ▬ ▬ ▬ ▬ ▬ ▬ ▬ ▬ ▬ ▬ ▬ ▬ ▬ ▬ ▬ ▬ ▬ ▬ ▬ ▬ ▬ ▬ ▬ ▬ ▬ ▬ ▬ ▬ ▬ ▬ ▬ ▬ ▬ ▬ ▬ ▬ ▬ ▬ ▬ ▬ ▬ ▬ ▬ ▬ ▬ ▬ ▬ ▬ ▬ ▬ ▬ ▬ ▬ ▬ ▬ ▬ ▬ ▬ ▬ ▬ ▬ ▬ ▬ ▬ ▬ ▬ ▬ ▬ ▬ ▬ ▬ ▬ ▬ ▬ ▬ ▬ ▬ ▬ ▬ ▬ ▬ ▬ ▬ ▬ ▬ ▬ ▬ ▬ ▬ ▬ ▬ ▬ ▬ ▬ ▬ ▬ ▬ ▬ ▬ ▬ ▬ ▬ ▬ ▬ ▬ ▬ ▬ ▬ ▬ ▬ ▬ ▬ ▬ ▬ ▬ ▬ ▬ ▬ ▬ ▬ ▬ ▬ ▬ ▬ ▬ ▬ ▬ ▬ ▬ ▬ ▬ ▬ ▬ ▬ ▬ ▬ ▬ ▬ ▬ ▬ ▬ ▬ ▬ ▬ ▬ ▬ ▬ ▬ ▬ ▬ ▬ ▬ ▬ ▬ ▬ ▬ ▬ ▬ ▬ ▬ ▬ ▬ ▬ ▬ ▬ ▬ ▬ ▬ ▬ ▬ ▬ ▬ ▬ ▬ ▬ ▬ ▬ ▬ ▬ ▬ ▬ ▬ ▬ ▬ ▬ ▬ ▬ ▬ ▬ ▬ ▬ ▬ ▬ ▬ ▬ ▬ ▬ ▬ ▬ ▬ ▬ ▬ ▬ ▬ ▬ ▬ ▬ ▬ ▬ ▬ ▬ ▬ ▬ ▬ ▬ ▬ ▬ ▬ ▬ ▬ ▬ ▬ ▬ ▬ ▬ ▬ ▬ ▬ ▬ ▬ ▬ ▬ ▬ ▬ ▬ ▬ ▬ ▬ ▬ ▬ ▬ ▬ ▬ ▬ ▬ ▬ ▬ ▬ ▬ ▬ ▬ ▬ ▬ ▬ ▬ ▬ ▬ ▬ ▬ ▬ ▬ ▬ ▬ ▬ ▬ ▬ ▬ ▬ ▬ ▬ ▬ ▬ ▬ ▬ ▬ ▬ ▬ ▬ ▬ ▬ ▬ ▬ ▬ ▬ ▬ ▬ ▬ ▬ ▬ ▬ ▬ ▬ ▬ ▬ ▬ ▬ ▬ ▬ ▬ ▬ ▬ ▬ ▬ ▬ ▬ ▬ ▬ ▬ ▬ ▬ ▬ ▬ ▬ ▬ ▬ ▬ ▬ ▬ ▬ ▬ ▬ ▬ ▬ ▬ ▬ ▬ ▬ ▬ ▬ ▬ ▬ ▬ ▬ ▬ ▬ ▬ ▬ ▬ ▬ ▬ ▬ ▬ ▬ ▬ ▬ ▬ ▬ ▬ ▬ ▬ ▬ ▬ ▬ ▬ ▬ ▬ ▬ ▬ ▬ ▬ ▬ ▬ ▬ ▬ ▬ ▬ ▬ ▬ ▬ ▬ ▬ ▬ ▬ ▬ ▬ ▬ ▬ ▬ ▬ ▬ ▬ ▬ ▬ ▬ ▬ ▬ ▬ ▬ ▬ ▬ ▬ ▬ ▬ ▬ ▬ ▬ ▬ ▬ ▬ ▬ ▬ ▬ ▬ ▬ ▬ ▬ ▬ ▬ ▬ ▬ ▬ ▬ ▬ ▬ ▬ ▬ ▬ ▬ ▬ ▬ ▬ ▬ ▬ ▬ ▬ ▬ ▬ ▬ ▬ ▬ ▬ ▬ ▬ ▬ ▬ ▬ ▬ ▬ ▬ ▬ ▬ ▬ ▬ ▬ ▬ ▬ ▬ ▬ ▬ ▬ ▬ ▬ ▬ ▬ ▬ ▬ ▬ ▬ ▬ ▬ ▬ ▬ ▬ ▬ ▬ ▬ ▬ ▬ ▬ ▬ ▬ ▬ ▬ ▬ ▬ ▬ ▬ ▬ ▬ ▬ ▬ ▬ ▬ ▬ ▬ ▬ ▬ ▬ ▬ ▬ ▬ ▬ ▬ ▬ ▬ ▬ ▬ ▬ ▬ ▬ ▬ ▬ ▬ ▬ ▬ ▬ ▬ ▬ ▬ ▬ ▬ ▬ ▬ ▬ ▬ ▬ ▬ ▬ ▬ ▬ ▬ ▬ ▬ ▬ ▬ ▬ ▬ ▬ ▬ ▬ ▬ ▬ ▬ ▬ ▬ ▬ ▬ ▬ ▬ ▬ ▬ ▬ ▬ ▬ ▬ ▬ ▬ ▬ ▬ ▬ ▬ ▬ ▬ ▬ ▬ ▬ ▬ ▬ ▬ ▬ ▬ ▬ ▬ ▬ ▬ ▬ ▬ ▬ ▬ ▬ ▬ ▬ ▬ ▬ ▬ ▬ ▬ ▬ ▬ ▬ ▬ ▬ ▬ ▬ ▬ ▬ ▬ ▬ ▬ ▬ ▬ ▬ ▬ ▬ ▬ ▬ ▬ ▬ ▬ ▬ ▬ ▬ ▬ ▬ ▬ ▬ ▬ ▬ ▬ ▬ ▬ ▬ ▬ ▬ ▬ ▬ ▬ ▬ ▬ ▬ ▬ ▬ ▬ ▬ ▬ ▬ ▬ ▬ ▬ ▬ ▬ ▬ ▬ ▬ ▬ ▬ ▬ ▬ ▬ ▬ ▬ ▬ ▬ ▬ ▬ ▬ ▬ ▬ ▬ ▬ ▬ ▬ ▬ ▬ ▬ ▬ ▬ ▬ ▬ ▬ ▬ ▬ ▬ ▬ ▬ ▬ ▬ ▬ ▬ ▬ ▬ ▬ ▬ ▬ ▬ ▬ ▬ ▬ ▬ ▬ ▬ ▬ ▬ ▬ ▬ ▬ ▬ ▬ ▬ ▬ ▬ ▬ ▬ ▬ ▬ ▬ ▬ ▬ ▬ ▬ ▬ ▬ ▬ ▬ ▬ ▬ ▬ ▬ ▬ ▬ ▬ ▬ ▬ ▬ ▬ ▬ ▬ ▬ ▬ ▬ ▬ ▬ ▬ ▬ ▬ ▬ ▬ ▬ ▬ ▬ ▬ ▬ ▬ ▬ ▬ ▬ ▬ ▬ ▬ ▬ ▬ ▬ ▬ ▬ ▬ ▬ ▬ ▬ ▬ ▬ ▬ ▬ ▬ ▬ ▬ ▬ ▬ ▬ ▬ ▬ ▬ ▬ ▬ ▬ ▬ ▬ ▬ ▬ ▬ ▬ ▬ ▬ ▬ ▬ ▬ ▬ ▬ ▬ ▬ ▬ ▬ ▬ ▬ ▬ ▬ ▬ ▬ ▬ ▬ ▬ ▬ ▬ ▬ ▬ ▬ ▬ ▬ ▬ ▬ ▬ ▬	2020
Chantiers	Descriptif	Calendrier
4. CHANTIERS TRANSVERSAUX (suite)		
Chantier sur les compétences techniques et de l'organisation territoriale	▬ ▬ ▬ ▬ ▬ ▬ ▬ ▬ ▬ ▬ ▬ ▬ ▬ ▬ ▬ ▬ ▬ ▬ ▬ ▬ ▬ ▬ ▬ ▬ ▬ ▬ ▬ ▬ ▬ ▬ ▬ ▬ ▬ ▬ ▬ ▬ ▬ ▬ ▬ ▬ ▬ ▬ ▬ ▬ ▬ ▬ ▬ ▬ ▬ ▬ ▬ ▬ ▬ ▬ ▬ ▬ ▬ ▬ ▬ ▬ ▬ ▬ ▬ ▬ ▬ ▬ ▬ ▬ ▬ ▬ ▬ ▬ ▬ ▬ ▬ ▬ ▬ ▬ ▬ ▬ ▬ ▬ ▬ ▬ ▬ ▬ ▬ ▬ ▬ ▬ ▬ ▬ ▬ ▬ ▬ ▬ ▬ ▬ ▬ ▬ ▬ ▬ ▬ ▬ ▬ ▬ ▬ ▬ ▬ ▬ ▬ ▬ ▬ ▬ ▬ ▬ ▬ ▬ ▬ ▬ ▬ ▬ ▬ ▬ ▬ ▬ ▬ ▬ ▬ ▬ ▬ ▬ ▬ ▬ ▬ ▬ ▬ ▬ ▬ ▬ ▬ ▬ ▬ ▬ ▬ ▬ ▬ ▬ ▬ ▬ ▬ ▬ ▬ ▬ ▬ ▬ ▬ ▬ ▬ ▬ ▬ ▬ ▬ ▬ ▬ ▬ ▬ ▬ ▬ ▬ ▬ ▬ ▬ ▬ ▬ ▬ ▬ ▬ ▬ ▬ ▬ ▬ ▬ ▬ ▬ ▬ ▬ ▬ ▬ ▬ ▬ ▬ ▬ ▬ ▬ ▬ ▬ ▬ ▬ ▬ ▬ ▬ ▬ ▬ ▬ ▬ ▬ ▬ ▬ ▬ ▬ ▬ ▬ ▬ ▬ ▬ ▬ ▬ ▬ ▬ ▬ ▬ ▬ ▬ ▬ ▬ ▬ ▬ ▬ ▬ ▬ ▬ ▬ ▬ ▬ ▬ ▬ ▬ ▬ ▬ ▬ ▬ ▬ ▬ ▬ ▬ ▬ ▬ ▬ ▬ ▬ ▬ ▬ ▬ ▬ ▬ ▬ ▬ ▬ ▬ ▬ ▬ ▬ ▬ ▬ ▬ ▬ ▬ ▬ ▬ ▬ ▬ ▬ ▬ ▬ ▬ ▬ ▬ ▬ ▬ ▬ ▬ ▬ ▬ ▬ ▬ ▬ ▬ ▬ ▬ ▬ ▬ ▬ ▬ ▬ ▬ ▬ ▬ ▬ ▬ ▬ ▬ ▬ ▬ ▬ ▬ ▬ ▬ ▬ ▬ ▬ ▬ ▬ ▬ ▬ ▬ ▬ ▬ ▬ ▬ ▬ ▬ ▬ ▬ ▬ ▬ ▬ ▬ ▬ ▬ ▬ ▬ ▬ ▬ ▬ ▬ ▬ ▬ ▬ ▬ ▬ ▬ ▬ ▬ ▬ ▬ ▬ ▬ ▬ ▬ ▬ ▬ ▬ ▬ ▬ ▬ ▬ ▬ ▬ ▬ ▬ ▬ ▬ ▬ ▬ ▬ ▬ ▬ ▬ ▬ ▬ ▬ ▬ ▬ ▬ ▬ ▬ ▬ ▬ ▬ ▬ ▬ ▬ ▬ ▬ ▬ ▬ ▬ ▬ ▬ ▬ ▬ ▬ ▬ ▬ ▬ ▬ ▬ ▬ ▬ ▬ ▬ ▬ ▬ ▬ ▬ ▬ ▬ ▬ ▬ ▬ ▬ ▬ ▬ ▬ ▬ ▬ ▬ ▬ ▬ ▬ ▬ ▬ ▬ ▬ ▬ ▬ ▬ ▬ ▬ ▬ ▬ ▬ ▬ ▬ ▬ ▬ ▬ ▬ ▬ ▬ ▬ ▬ ▬ ▬ ▬ ▬ ▬ ▬ ▬ ▬ ▬ ▬ ▬ ▬ ▬ ▬ ▬ ▬ ▬ ▬ ▬ ▬ ▬ ▬ ▬ ▬ ▬ ▬ ▬ ▬ ▬ ▬ ▬ ▬ ▬ ▬ ▬ ▬ ▬ ▬ ▬ ▬ ▬ ▬ ▬ ▬ ▬ ▬ ▬ ▬ ▬ ▬ ▬ ▬ ▬ ▬ ▬ ▬ ▬ ▬ ▬ ▬ ▬ ▬ ▬ ▬ ▬ ▬ ▬ ▬ ▬ ▬ ▬ ▬ ▬ ▬ ▬ ▬ ▬ ▬ ▬ ▬ ▬ ▬ ▬ ▬ ▬ ▬ ▬ ▬ ▬ ▬ ▬ ▬ ▬ ▬ ▬ ▬ ▬ ▬ ▬ ▬ ▬ ▬ ▬ ▬ ▬ ▬ ▬ ▬ ▬ ▬ ▬ ▬ ▬ ▬ ▬ ▬ ▬ ▬ ▬ ▬ ▬ ▬ ▬ ▬ ▬ ▬ ▬ ▬ ▬ ▬ ▬ ▬ ▬ ▬ ▬ ▬ ▬ ▬ ▬ ▬ ▬ ▬ ▬ ▬ ▬ ▬ ▬ ▬ ▬ ▬ ▬ ▬ ▬ ▬ ▬ ▬ ▬ ▬ ▬ ▬ ▬ ▬ ▬ ▬ ▬ ▬ ▬ ▬ ▬ ▬ ▬ ▬ ▬ ▬ ▬ ▬ ▬ ▬ ▬ ▬ ▬ ▬ ▬ ▬ ▬ ▬ ▬ ▬ ▬ ▬ ▬ ▬ ▬ ▬ ▬ ▬ ▬ ▬ ▬ ▬ ▬ ▬ ▬ ▬ ▬ ▬ ▬ ▬ ▬ ▬ ▬ ▬ ▬ ▬ ▬ ▬ ▬ ▬ ▬ ▬ ▬ ▬ ▬ ▬ ▬ ▬ ▬ ▬ ▬ ▬ ▬ ▬ ▬ ▬ ▬ ▬ ▬ ▬ ▬ ▬ ▬ ▬ ▬ ▬ ▬ ▬ ▬ ▬ ▬ ▬ ▬ ▬ ▬ ▬ ▬ ▬ ▬ ▬ ▬ ▬ ▬ ▬ ▬ ▬ ▬ ▬ ▬ ▬ ▬ ▬ ▬ ▬ ▬ ▬ ▬ ▬ ▬ ▬ ▬ ▬ ▬ ▬ ▬ ▬ ▬ ▬ ▬ ▬ ▬ ▬ ▬ ▬ ▬ ▬ ▬ ▬ ▬ ▬ ▬ ▬ ▬ ▬ ▬ ▬ ▬ ▬ ▬ ▬ ▬ ▬ ▬ ▬ ▬ ▬ ▬ ▬ ▬ ▬ ▬ ▬ ▬ ▬ ▬ ▬ ▬ ▬ ▬ ▬ ▬ ▬ ▬ ▬ ▬ ▬ ▬ ▬ ▬ ▬ ▬ ▬ ▬ ▬ ▬ ▬ ▬ ▬ ▬ ▬ ▬ ▬ ▬ ▬ ▬ ▬ ▬ ▬ ▬ ▬ ▬ ▬ ▬ ▬ ▬ ▬ ▬ ▬ ▬ ▬ ▬ ▬ ▬ ▬ ▬ ▬ ▬ ▬ ▬ ▬ ▬ ▬ ▬ ▬ ▬ ▬ ▬ ▬ ▬ ▬ ▬ ▬ ▬ ▬ ▬ ▬ ▬ ▬ ▬ ▬ ▬ ▬ ▬ ▬ ▬ ▬ ▬ ▬ ▬ ▬ ▬ ▬ ▬ ▬ ▬ ▬ ▬ ▬ ▬ ▬ ▬ ▬ ▬ ▬ ▬ ▬ ▬ ▬ ▬ ▬ ▬ ▬ ▬ ▬ ▬ ▬ ▬ ▬ ▬ ▬ ▬ ▬ ▬ ▬ ▬ ▬ ▬ ▬ ▬ ▬ ▬ ▬ ▬ ▬ ▬ ▬ ▬ ▬ ▬ ▬ ▬ ▬ ▬ ▬ ▬ ▬ ▬ ▬ ▬ ▬ ▬ ▬ ▬ ▬ ▬ ▬ ▬ ▬ ▬ ▬ ▬ ▬ ▬ ▬ ▬ ▬ ▬ ▬ ▬ ▬ ▬ ▬ ▬ ▬ ▬ ▬ ▬ ▬ ▬ ▬ ▬ ▬ ▬ ▬ ▬ ▬ ▬ ▬ ▬ ▬ ▬ ▬ ▬ ▬ ▬ ▬ ▬ ▬ ▬ ▬ ▬ ▬ ▬ ▬ ▬ ▬ ▬ ▬ ▬ ▬ ▬ ▬ ▬ ▬ ▬ ▬ ▬ ▬ ▬ ▬ ▬ ▬ ▬ ▬ ▬ ▬ ▬ ▬ ▬ ▬ ▬	Engagement des travaux 2ème semestre 2021
